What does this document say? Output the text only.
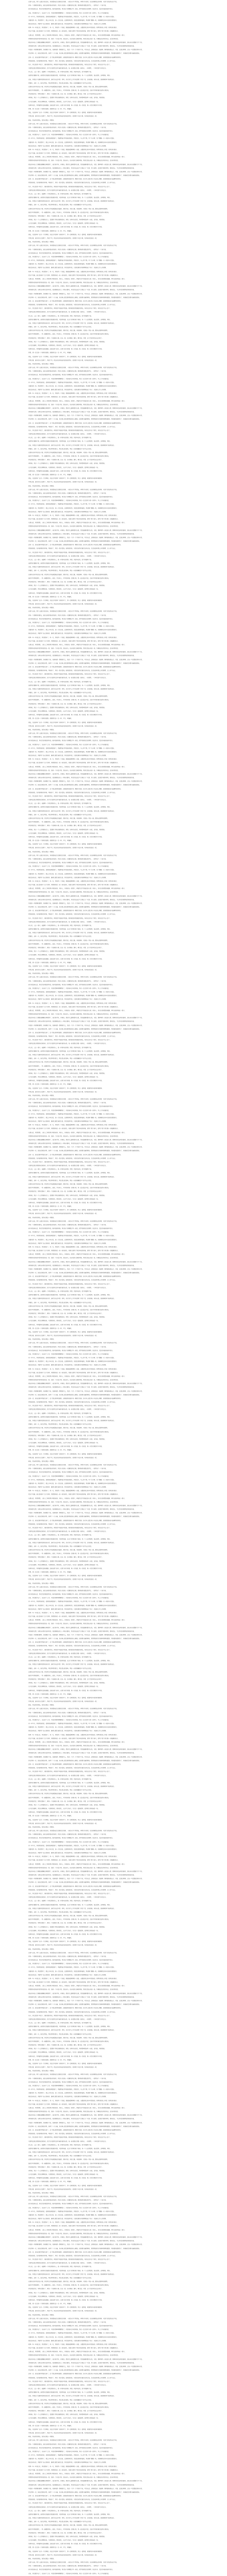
在很久以前，两个人通过书信往来，诉说着彼此生活里发生的事。一封信从写下到寄出，再到对方收到，往往需要很长的时间，可是大家依然乐此不疲。

我有一个很要好的朋友，她住在离我很远的城市。我们认识是在一次偶然的机会里，那时候我们都还是学生，一起参加了一个夏令营。

夏令营结束以后，我们约定要经常写信。刚开始的时候，我们每个星期都会写一封信，把学校里发生的事情、读过的书、看过的电影统统写进去。

后来，我们都毕业了，各自有了工作，写信的频率慢慢降低了，可是每年过年的时候，我们一定会给对方寄一张贺卡，写上几句祝福的话。

有一年冬天，我收到她的信，信里说她要结婚了，希望我能去参加她的婚礼。我很高兴，马上请了假，买了火车票，坐了整整一天一夜的车去看她。

见面的那一刻，我们都哭了。那么多年没见，她一点也没变，还是那样爱笑，说话还是那样温柔。我们聊了整整一夜，好像要把这些年没说的话都说完。

婚礼结束以后，我回到了自己的城市，继续过着忙碌的生活。我们依然写信，只是信里的内容慢慢变成了孩子、家庭和工作上的琐事。

时间一年一年地过去，我们都老了。有一天，我收到一个包裹，里面装着厚厚的一沓信，全都是我这些年写给她的。附带的纸条上写着：替我好好保存。

我这才知道，她已经离开了这个世界。我把那些信一封一封地读完，好像又回到了我们年轻的时候，回到了那个夏天，回到了那个我们第一次相遇的地方。

从那以后，我常常想，人和人之间的缘分真是奇妙。有些人，你和她在一起很久，却始终走不进彼此的心里；有些人，你们只是短暂地相遇，却可以陪伴彼此一辈子。

我把那些信和她写给我的信放在一起，装进一个木盒子里，放在床头。每当夜深人静的时候，我就会拿出来读一读，仿佛她还在我的身边，还在和我说话。

现在的年轻人大概很难理解这种感情了。他们有手机、有网络，想说什么随时都可以说，想见谁随时都可以见。可是，那种等待一封信的心情，那种拆开信封时的激动，是任何东西都替代不了的。

有时候我会想，如果当初我们没有写信，而是像现在的人一样每天聊天，我们的友谊会不会更长久？可是，我又觉得，正是因为那些等待，那些思念，才让我们的感情变得更加珍贵。

写信是一件很慢的事情。你需要坐下来，安静地想一想要说什么，然后一个字一个字地写下来。写完以后，还要找信封、贴邮票、跑到邮局寄出去。可是，正是这种慢，让每一句话都变得有分量。

我记得有一次，她在信里告诉我，她养了一只小猫，每天晚上都会跳到她的床上睡觉。她说那只猫很调皮，常常把她的毛线球弄得满地都是。我读着读着就笑了，好像能看见那只猫就在眼前。

还有一次，她在信里写到她生病了，住了很长时间的医院。她说医院的窗外有一棵很大的树，每天早上都会有小鸟在树上唱歌。她说那是她每天最期待的时刻。

我给她回信，告诉她要好好养病，等她好了，我们一起去看海。她回信说好，可是后来我们谁也没有去成。生活总是有那么多的事情，让人身不由己。

如今，我已经很少写信了，偶尔提起笔来，却发现不知道该写给谁。那些曾经和我通信的朋友，有的已经失去了联系，有的已经不在人世了。

可是我还是会把那些信保存好，因为它们是我生命中最珍贵的东西。每一封信都记录着一段时光，一份感情，一个再也回不去的过去。

有人说，人这一辈子，能遇到一个真正懂你的人，是一件很幸运的事。我想，我是幸运的，因为我遇到了她。

虽然我们相隔千里，虽然我们见面的次数屈指可数，可是我知道，在这个世界的某个角落，有一个人在想着我，惦记着我。这种感觉，真好。

后来，我把这个故事讲给我的孙女听。她听完以后问我：奶奶，你们为什么不打电话呢？我笑了笑，没有回答。有些东西，是需要时间才能明白的。

我相信，总有一天，她也会明白。明白等待的意义，明白思念的滋味，明白一封信里藏着多少说不出口的话。

在那些没有手机的日子里，我们用文字传递着彼此的温度。那些字迹，有的工整，有的潦草，可是每一笔每一画，都饱含着真挚的感情。

她的字写得很漂亮，一笔一画都很用心。她说，字如其人，写字的时候一定要认真。我一直记着这句话，后来写字的时候也变得认真起来。

我们曾经约定，等我们都老了，要找一个安静的小镇，住在一起，每天喝茶、聊天、晒太阳。可惜，这个约定再也无法实现了。

有时候，我会一个人走到邮局门口，看着那个绿色的邮筒发呆。我想，如果可以的话，我真想再给她写一封信，告诉她，我很想她。

日子还在继续，我也在慢慢变老。可是那些信，那些回忆，永远不会老去。它们会一直陪着我，直到我生命的最后一刻。

如果有来生，我希望我们还能相遇。还能在那个夏天，在那个夏令营里，第一次见面，第一次说话，第一次约定要给对方写信。

我想，那一定会是一个很美的故事。就像我们这一生一样，平凡，却温暖。

朋友，你还好吗？在另一个世界里，你还会写信吗？如果你写了，请一定要寄给我。我会一直等着，就像我们年轻的时候那样。

写到这里，窗外的天已经黑了。我放下笔，把这封没有地址的信轻轻折好，放进那个木盒子里，和其他的信放在一起。

晚安，我亲爱的朋友。愿你在那边一切都好。

在很久以前，两个人通过书信往来，诉说着彼此生活里发生的事。一封信从写下到寄出，再到对方收到，往往需要很长的时间，可是大家依然乐此不疲。

我有一个很要好的朋友，她住在离我很远的城市。我们认识是在一次偶然的机会里，那时候我们都还是学生，一起参加了一个夏令营。

夏令营结束以后，我们约定要经常写信。刚开始的时候，我们每个星期都会写一封信，把学校里发生的事情、读过的书、看过的电影统统写进去。

后来，我们都毕业了，各自有了工作，写信的频率慢慢降低了，可是每年过年的时候，我们一定会给对方寄一张贺卡，写上几句祝福的话。

有一年冬天，我收到她的信，信里说她要结婚了，希望我能去参加她的婚礼。我很高兴，马上请了假，买了火车票，坐了整整一天一夜的车去看她。

见面的那一刻，我们都哭了。那么多年没见，她一点也没变，还是那样爱笑，说话还是那样温柔。我们聊了整整一夜，好像要把这些年没说的话都说完。

婚礼结束以后，我回到了自己的城市，继续过着忙碌的生活。我们依然写信，只是信里的内容慢慢变成了孩子、家庭和工作上的琐事。

时间一年一年地过去，我们都老了。有一天，我收到一个包裹，里面装着厚厚的一沓信，全都是我这些年写给她的。附带的纸条上写着：替我好好保存。

我这才知道，她已经离开了这个世界。我把那些信一封一封地读完，好像又回到了我们年轻的时候，回到了那个夏天，回到了那个我们第一次相遇的地方。

从那以后，我常常想，人和人之间的缘分真是奇妙。有些人，你和她在一起很久，却始终走不进彼此的心里；有些人，你们只是短暂地相遇，却可以陪伴彼此一辈子。

我把那些信和她写给我的信放在一起，装进一个木盒子里，放在床头。每当夜深人静的时候，我就会拿出来读一读，仿佛她还在我的身边，还在和我说话。

现在的年轻人大概很难理解这种感情了。他们有手机、有网络，想说什么随时都可以说，想见谁随时都可以见。可是，那种等待一封信的心情，那种拆开信封时的激动，是任何东西都替代不了的。

有时候我会想，如果当初我们没有写信，而是像现在的人一样每天聊天，我们的友谊会不会更长久？可是，我又觉得，正是因为那些等待，那些思念，才让我们的感情变得更加珍贵。

写信是一件很慢的事情。你需要坐下来，安静地想一想要说什么，然后一个字一个字地写下来。写完以后，还要找信封、贴邮票、跑到邮局寄出去。可是，正是这种慢，让每一句话都变得有分量。

我记得有一次，她在信里告诉我，她养了一只小猫，每天晚上都会跳到她的床上睡觉。她说那只猫很调皮，常常把她的毛线球弄得满地都是。我读着读着就笑了，好像能看见那只猫就在眼前。

还有一次，她在信里写到她生病了，住了很长时间的医院。她说医院的窗外有一棵很大的树，每天早上都会有小鸟在树上唱歌。她说那是她每天最期待的时刻。

我给她回信，告诉她要好好养病，等她好了，我们一起去看海。她回信说好，可是后来我们谁也没有去成。生活总是有那么多的事情，让人身不由己。

如今，我已经很少写信了，偶尔提起笔来，却发现不知道该写给谁。那些曾经和我通信的朋友，有的已经失去了联系，有的已经不在人世了。

可是我还是会把那些信保存好，因为它们是我生命中最珍贵的东西。每一封信都记录着一段时光，一份感情，一个再也回不去的过去。

有人说，人这一辈子，能遇到一个真正懂你的人，是一件很幸运的事。我想，我是幸运的，因为我遇到了她。

虽然我们相隔千里，虽然我们见面的次数屈指可数，可是我知道，在这个世界的某个角落，有一个人在想着我，惦记着我。这种感觉，真好。

后来，我把这个故事讲给我的孙女听。她听完以后问我：奶奶，你们为什么不打电话呢？我笑了笑，没有回答。有些东西，是需要时间才能明白的。

我相信，总有一天，她也会明白。明白等待的意义，明白思念的滋味，明白一封信里藏着多少说不出口的话。

在那些没有手机的日子里，我们用文字传递着彼此的温度。那些字迹，有的工整，有的潦草，可是每一笔每一画，都饱含着真挚的感情。

她的字写得很漂亮，一笔一画都很用心。她说，字如其人，写字的时候一定要认真。我一直记着这句话，后来写字的时候也变得认真起来。

我们曾经约定，等我们都老了，要找一个安静的小镇，住在一起，每天喝茶、聊天、晒太阳。可惜，这个约定再也无法实现了。

有时候，我会一个人走到邮局门口，看着那个绿色的邮筒发呆。我想，如果可以的话，我真想再给她写一封信，告诉她，我很想她。

日子还在继续，我也在慢慢变老。可是那些信，那些回忆，永远不会老去。它们会一直陪着我，直到我生命的最后一刻。

如果有来生，我希望我们还能相遇。还能在那个夏天，在那个夏令营里，第一次见面，第一次说话，第一次约定要给对方写信。

我想，那一定会是一个很美的故事。就像我们这一生一样，平凡，却温暖。

朋友，你还好吗？在另一个世界里，你还会写信吗？如果你写了，请一定要寄给我。我会一直等着，就像我们年轻的时候那样。

写到这里，窗外的天已经黑了。我放下笔，把这封没有地址的信轻轻折好，放进那个木盒子里，和其他的信放在一起。

晚安，我亲爱的朋友。愿你在那边一切都好。

在很久以前，两个人通过书信往来，诉说着彼此生活里发生的事。一封信从写下到寄出，再到对方收到，往往需要很长的时间，可是大家依然乐此不疲。

我有一个很要好的朋友，她住在离我很远的城市。我们认识是在一次偶然的机会里，那时候我们都还是学生，一起参加了一个夏令营。

夏令营结束以后，我们约定要经常写信。刚开始的时候，我们每个星期都会写一封信，把学校里发生的事情、读过的书、看过的电影统统写进去。

后来，我们都毕业了，各自有了工作，写信的频率慢慢降低了，可是每年过年的时候，我们一定会给对方寄一张贺卡，写上几句祝福的话。

有一年冬天，我收到她的信，信里说她要结婚了，希望我能去参加她的婚礼。我很高兴，马上请了假，买了火车票，坐了整整一天一夜的车去看她。

见面的那一刻，我们都哭了。那么多年没见，她一点也没变，还是那样爱笑，说话还是那样温柔。我们聊了整整一夜，好像要把这些年没说的话都说完。

婚礼结束以后，我回到了自己的城市，继续过着忙碌的生活。我们依然写信，只是信里的内容慢慢变成了孩子、家庭和工作上的琐事。

时间一年一年地过去，我们都老了。有一天，我收到一个包裹，里面装着厚厚的一沓信，全都是我这些年写给她的。附带的纸条上写着：替我好好保存。

我这才知道，她已经离开了这个世界。我把那些信一封一封地读完，好像又回到了我们年轻的时候，回到了那个夏天，回到了那个我们第一次相遇的地方。

从那以后，我常常想，人和人之间的缘分真是奇妙。有些人，你和她在一起很久，却始终走不进彼此的心里；有些人，你们只是短暂地相遇，却可以陪伴彼此一辈子。

我把那些信和她写给我的信放在一起，装进一个木盒子里，放在床头。每当夜深人静的时候，我就会拿出来读一读，仿佛她还在我的身边，还在和我说话。

现在的年轻人大概很难理解这种感情了。他们有手机、有网络，想说什么随时都可以说，想见谁随时都可以见。可是，那种等待一封信的心情，那种拆开信封时的激动，是任何东西都替代不了的。

有时候我会想，如果当初我们没有写信，而是像现在的人一样每天聊天，我们的友谊会不会更长久？可是，我又觉得，正是因为那些等待，那些思念，才让我们的感情变得更加珍贵。

写信是一件很慢的事情。你需要坐下来，安静地想一想要说什么，然后一个字一个字地写下来。写完以后，还要找信封、贴邮票、跑到邮局寄出去。可是，正是这种慢，让每一句话都变得有分量。

我记得有一次，她在信里告诉我，她养了一只小猫，每天晚上都会跳到她的床上睡觉。她说那只猫很调皮，常常把她的毛线球弄得满地都是。我读着读着就笑了，好像能看见那只猫就在眼前。

还有一次，她在信里写到她生病了，住了很长时间的医院。她说医院的窗外有一棵很大的树，每天早上都会有小鸟在树上唱歌。她说那是她每天最期待的时刻。

我给她回信，告诉她要好好养病，等她好了，我们一起去看海。她回信说好，可是后来我们谁也没有去成。生活总是有那么多的事情，让人身不由己。

如今，我已经很少写信了，偶尔提起笔来，却发现不知道该写给谁。那些曾经和我通信的朋友，有的已经失去了联系，有的已经不在人世了。

可是我还是会把那些信保存好，因为它们是我生命中最珍贵的东西。每一封信都记录着一段时光，一份感情，一个再也回不去的过去。

有人说，人这一辈子，能遇到一个真正懂你的人，是一件很幸运的事。我想，我是幸运的，因为我遇到了她。

虽然我们相隔千里，虽然我们见面的次数屈指可数，可是我知道，在这个世界的某个角落，有一个人在想着我，惦记着我。这种感觉，真好。

后来，我把这个故事讲给我的孙女听。她听完以后问我：奶奶，你们为什么不打电话呢？我笑了笑，没有回答。有些东西，是需要时间才能明白的。

我相信，总有一天，她也会明白。明白等待的意义，明白思念的滋味，明白一封信里藏着多少说不出口的话。

在那些没有手机的日子里，我们用文字传递着彼此的温度。那些字迹，有的工整，有的潦草，可是每一笔每一画，都饱含着真挚的感情。

她的字写得很漂亮，一笔一画都很用心。她说，字如其人，写字的时候一定要认真。我一直记着这句话，后来写字的时候也变得认真起来。

我们曾经约定，等我们都老了，要找一个安静的小镇，住在一起，每天喝茶、聊天、晒太阳。可惜，这个约定再也无法实现了。

有时候，我会一个人走到邮局门口，看着那个绿色的邮筒发呆。我想，如果可以的话，我真想再给她写一封信，告诉她，我很想她。

日子还在继续，我也在慢慢变老。可是那些信，那些回忆，永远不会老去。它们会一直陪着我，直到我生命的最后一刻。

如果有来生，我希望我们还能相遇。还能在那个夏天，在那个夏令营里，第一次见面，第一次说话，第一次约定要给对方写信。

我想，那一定会是一个很美的故事。就像我们这一生一样，平凡，却温暖。

朋友，你还好吗？在另一个世界里，你还会写信吗？如果你写了，请一定要寄给我。我会一直等着，就像我们年轻的时候那样。

写到这里，窗外的天已经黑了。我放下笔，把这封没有地址的信轻轻折好，放进那个木盒子里，和其他的信放在一起。

晚安，我亲爱的朋友。愿你在那边一切都好。

在很久以前，两个人通过书信往来，诉说着彼此生活里发生的事。一封信从写下到寄出，再到对方收到，往往需要很长的时间，可是大家依然乐此不疲。

我有一个很要好的朋友，她住在离我很远的城市。我们认识是在一次偶然的机会里，那时候我们都还是学生，一起参加了一个夏令营。

夏令营结束以后，我们约定要经常写信。刚开始的时候，我们每个星期都会写一封信，把学校里发生的事情、读过的书、看过的电影统统写进去。

后来，我们都毕业了，各自有了工作，写信的频率慢慢降低了，可是每年过年的时候，我们一定会给对方寄一张贺卡，写上几句祝福的话。

有一年冬天，我收到她的信，信里说她要结婚了，希望我能去参加她的婚礼。我很高兴，马上请了假，买了火车票，坐了整整一天一夜的车去看她。

见面的那一刻，我们都哭了。那么多年没见，她一点也没变，还是那样爱笑，说话还是那样温柔。我们聊了整整一夜，好像要把这些年没说的话都说完。

婚礼结束以后，我回到了自己的城市，继续过着忙碌的生活。我们依然写信，只是信里的内容慢慢变成了孩子、家庭和工作上的琐事。

时间一年一年地过去，我们都老了。有一天，我收到一个包裹，里面装着厚厚的一沓信，全都是我这些年写给她的。附带的纸条上写着：替我好好保存。

我这才知道，她已经离开了这个世界。我把那些信一封一封地读完，好像又回到了我们年轻的时候，回到了那个夏天，回到了那个我们第一次相遇的地方。

从那以后，我常常想，人和人之间的缘分真是奇妙。有些人，你和她在一起很久，却始终走不进彼此的心里；有些人，你们只是短暂地相遇，却可以陪伴彼此一辈子。

我把那些信和她写给我的信放在一起，装进一个木盒子里，放在床头。每当夜深人静的时候，我就会拿出来读一读，仿佛她还在我的身边，还在和我说话。

现在的年轻人大概很难理解这种感情了。他们有手机、有网络，想说什么随时都可以说，想见谁随时都可以见。可是，那种等待一封信的心情，那种拆开信封时的激动，是任何东西都替代不了的。

有时候我会想，如果当初我们没有写信，而是像现在的人一样每天聊天，我们的友谊会不会更长久？可是，我又觉得，正是因为那些等待，那些思念，才让我们的感情变得更加珍贵。

写信是一件很慢的事情。你需要坐下来，安静地想一想要说什么，然后一个字一个字地写下来。写完以后，还要找信封、贴邮票、跑到邮局寄出去。可是，正是这种慢，让每一句话都变得有分量。

我记得有一次，她在信里告诉我，她养了一只小猫，每天晚上都会跳到她的床上睡觉。她说那只猫很调皮，常常把她的毛线球弄得满地都是。我读着读着就笑了，好像能看见那只猫就在眼前。

还有一次，她在信里写到她生病了，住了很长时间的医院。她说医院的窗外有一棵很大的树，每天早上都会有小鸟在树上唱歌。她说那是她每天最期待的时刻。

我给她回信，告诉她要好好养病，等她好了，我们一起去看海。她回信说好，可是后来我们谁也没有去成。生活总是有那么多的事情，让人身不由己。

如今，我已经很少写信了，偶尔提起笔来，却发现不知道该写给谁。那些曾经和我通信的朋友，有的已经失去了联系，有的已经不在人世了。

可是我还是会把那些信保存好，因为它们是我生命中最珍贵的东西。每一封信都记录着一段时光，一份感情，一个再也回不去的过去。

有人说，人这一辈子，能遇到一个真正懂你的人，是一件很幸运的事。我想，我是幸运的，因为我遇到了她。

虽然我们相隔千里，虽然我们见面的次数屈指可数，可是我知道，在这个世界的某个角落，有一个人在想着我，惦记着我。这种感觉，真好。

后来，我把这个故事讲给我的孙女听。她听完以后问我：奶奶，你们为什么不打电话呢？我笑了笑，没有回答。有些东西，是需要时间才能明白的。

我相信，总有一天，她也会明白。明白等待的意义，明白思念的滋味，明白一封信里藏着多少说不出口的话。

在那些没有手机的日子里，我们用文字传递着彼此的温度。那些字迹，有的工整，有的潦草，可是每一笔每一画，都饱含着真挚的感情。

她的字写得很漂亮，一笔一画都很用心。她说，字如其人，写字的时候一定要认真。我一直记着这句话，后来写字的时候也变得认真起来。

我们曾经约定，等我们都老了，要找一个安静的小镇，住在一起，每天喝茶、聊天、晒太阳。可惜，这个约定再也无法实现了。

有时候，我会一个人走到邮局门口，看着那个绿色的邮筒发呆。我想，如果可以的话，我真想再给她写一封信，告诉她，我很想她。

日子还在继续，我也在慢慢变老。可是那些信，那些回忆，永远不会老去。它们会一直陪着我，直到我生命的最后一刻。

如果有来生，我希望我们还能相遇。还能在那个夏天，在那个夏令营里，第一次见面，第一次说话，第一次约定要给对方写信。

我想，那一定会是一个很美的故事。就像我们这一生一样，平凡，却温暖。

朋友，你还好吗？在另一个世界里，你还会写信吗？如果你写了，请一定要寄给我。我会一直等着，就像我们年轻的时候那样。

写到这里，窗外的天已经黑了。我放下笔，把这封没有地址的信轻轻折好，放进那个木盒子里，和其他的信放在一起。

晚安，我亲爱的朋友。愿你在那边一切都好。

在很久以前，两个人通过书信往来，诉说着彼此生活里发生的事。一封信从写下到寄出，再到对方收到，往往需要很长的时间，可是大家依然乐此不疲。

我有一个很要好的朋友，她住在离我很远的城市。我们认识是在一次偶然的机会里，那时候我们都还是学生，一起参加了一个夏令营。

夏令营结束以后，我们约定要经常写信。刚开始的时候，我们每个星期都会写一封信，把学校里发生的事情、读过的书、看过的电影统统写进去。

后来，我们都毕业了，各自有了工作，写信的频率慢慢降低了，可是每年过年的时候，我们一定会给对方寄一张贺卡，写上几句祝福的话。

有一年冬天，我收到她的信，信里说她要结婚了，希望我能去参加她的婚礼。我很高兴，马上请了假，买了火车票，坐了整整一天一夜的车去看她。

见面的那一刻，我们都哭了。那么多年没见，她一点也没变，还是那样爱笑，说话还是那样温柔。我们聊了整整一夜，好像要把这些年没说的话都说完。

婚礼结束以后，我回到了自己的城市，继续过着忙碌的生活。我们依然写信，只是信里的内容慢慢变成了孩子、家庭和工作上的琐事。

时间一年一年地过去，我们都老了。有一天，我收到一个包裹，里面装着厚厚的一沓信，全都是我这些年写给她的。附带的纸条上写着：替我好好保存。

我这才知道，她已经离开了这个世界。我把那些信一封一封地读完，好像又回到了我们年轻的时候，回到了那个夏天，回到了那个我们第一次相遇的地方。

从那以后，我常常想，人和人之间的缘分真是奇妙。有些人，你和她在一起很久，却始终走不进彼此的心里；有些人，你们只是短暂地相遇，却可以陪伴彼此一辈子。

我把那些信和她写给我的信放在一起，装进一个木盒子里，放在床头。每当夜深人静的时候，我就会拿出来读一读，仿佛她还在我的身边，还在和我说话。

现在的年轻人大概很难理解这种感情了。他们有手机、有网络，想说什么随时都可以说，想见谁随时都可以见。可是，那种等待一封信的心情，那种拆开信封时的激动，是任何东西都替代不了的。

有时候我会想，如果当初我们没有写信，而是像现在的人一样每天聊天，我们的友谊会不会更长久？可是，我又觉得，正是因为那些等待，那些思念，才让我们的感情变得更加珍贵。

写信是一件很慢的事情。你需要坐下来，安静地想一想要说什么，然后一个字一个字地写下来。写完以后，还要找信封、贴邮票、跑到邮局寄出去。可是，正是这种慢，让每一句话都变得有分量。

我记得有一次，她在信里告诉我，她养了一只小猫，每天晚上都会跳到她的床上睡觉。她说那只猫很调皮，常常把她的毛线球弄得满地都是。我读着读着就笑了，好像能看见那只猫就在眼前。

还有一次，她在信里写到她生病了，住了很长时间的医院。她说医院的窗外有一棵很大的树，每天早上都会有小鸟在树上唱歌。她说那是她每天最期待的时刻。

我给她回信，告诉她要好好养病，等她好了，我们一起去看海。她回信说好，可是后来我们谁也没有去成。生活总是有那么多的事情，让人身不由己。

如今，我已经很少写信了，偶尔提起笔来，却发现不知道该写给谁。那些曾经和我通信的朋友，有的已经失去了联系，有的已经不在人世了。

可是我还是会把那些信保存好，因为它们是我生命中最珍贵的东西。每一封信都记录着一段时光，一份感情，一个再也回不去的过去。

有人说，人这一辈子，能遇到一个真正懂你的人，是一件很幸运的事。我想，我是幸运的，因为我遇到了她。

虽然我们相隔千里，虽然我们见面的次数屈指可数，可是我知道，在这个世界的某个角落，有一个人在想着我，惦记着我。这种感觉，真好。

后来，我把这个故事讲给我的孙女听。她听完以后问我：奶奶，你们为什么不打电话呢？我笑了笑，没有回答。有些东西，是需要时间才能明白的。

我相信，总有一天，她也会明白。明白等待的意义，明白思念的滋味，明白一封信里藏着多少说不出口的话。

在那些没有手机的日子里，我们用文字传递着彼此的温度。那些字迹，有的工整，有的潦草，可是每一笔每一画，都饱含着真挚的感情。

她的字写得很漂亮，一笔一画都很用心。她说，字如其人，写字的时候一定要认真。我一直记着这句话，后来写字的时候也变得认真起来。

我们曾经约定，等我们都老了，要找一个安静的小镇，住在一起，每天喝茶、聊天、晒太阳。可惜，这个约定再也无法实现了。

有时候，我会一个人走到邮局门口，看着那个绿色的邮筒发呆。我想，如果可以的话，我真想再给她写一封信，告诉她，我很想她。

日子还在继续，我也在慢慢变老。可是那些信，那些回忆，永远不会老去。它们会一直陪着我，直到我生命的最后一刻。

如果有来生，我希望我们还能相遇。还能在那个夏天，在那个夏令营里，第一次见面，第一次说话，第一次约定要给对方写信。

我想，那一定会是一个很美的故事。就像我们这一生一样，平凡，却温暖。

朋友，你还好吗？在另一个世界里，你还会写信吗？如果你写了，请一定要寄给我。我会一直等着，就像我们年轻的时候那样。

写到这里，窗外的天已经黑了。我放下笔，把这封没有地址的信轻轻折好，放进那个木盒子里，和其他的信放在一起。

晚安，我亲爱的朋友。愿你在那边一切都好。

在很久以前，两个人通过书信往来，诉说着彼此生活里发生的事。一封信从写下到寄出，再到对方收到，往往需要很长的时间，可是大家依然乐此不疲。

我有一个很要好的朋友，她住在离我很远的城市。我们认识是在一次偶然的机会里，那时候我们都还是学生，一起参加了一个夏令营。

夏令营结束以后，我们约定要经常写信。刚开始的时候，我们每个星期都会写一封信，把学校里发生的事情、读过的书、看过的电影统统写进去。

后来，我们都毕业了，各自有了工作，写信的频率慢慢降低了，可是每年过年的时候，我们一定会给对方寄一张贺卡，写上几句祝福的话。

有一年冬天，我收到她的信，信里说她要结婚了，希望我能去参加她的婚礼。我很高兴，马上请了假，买了火车票，坐了整整一天一夜的车去看她。

见面的那一刻，我们都哭了。那么多年没见，她一点也没变，还是那样爱笑，说话还是那样温柔。我们聊了整整一夜，好像要把这些年没说的话都说完。

婚礼结束以后，我回到了自己的城市，继续过着忙碌的生活。我们依然写信，只是信里的内容慢慢变成了孩子、家庭和工作上的琐事。

时间一年一年地过去，我们都老了。有一天，我收到一个包裹，里面装着厚厚的一沓信，全都是我这些年写给她的。附带的纸条上写着：替我好好保存。

我这才知道，她已经离开了这个世界。我把那些信一封一封地读完，好像又回到了我们年轻的时候，回到了那个夏天，回到了那个我们第一次相遇的地方。

从那以后，我常常想，人和人之间的缘分真是奇妙。有些人，你和她在一起很久，却始终走不进彼此的心里；有些人，你们只是短暂地相遇，却可以陪伴彼此一辈子。

我把那些信和她写给我的信放在一起，装进一个木盒子里，放在床头。每当夜深人静的时候，我就会拿出来读一读，仿佛她还在我的身边，还在和我说话。

现在的年轻人大概很难理解这种感情了。他们有手机、有网络，想说什么随时都可以说，想见谁随时都可以见。可是，那种等待一封信的心情，那种拆开信封时的激动，是任何东西都替代不了的。

有时候我会想，如果当初我们没有写信，而是像现在的人一样每天聊天，我们的友谊会不会更长久？可是，我又觉得，正是因为那些等待，那些思念，才让我们的感情变得更加珍贵。

写信是一件很慢的事情。你需要坐下来，安静地想一想要说什么，然后一个字一个字地写下来。写完以后，还要找信封、贴邮票、跑到邮局寄出去。可是，正是这种慢，让每一句话都变得有分量。

我记得有一次，她在信里告诉我，她养了一只小猫，每天晚上都会跳到她的床上睡觉。她说那只猫很调皮，常常把她的毛线球弄得满地都是。我读着读着就笑了，好像能看见那只猫就在眼前。

还有一次，她在信里写到她生病了，住了很长时间的医院。她说医院的窗外有一棵很大的树，每天早上都会有小鸟在树上唱歌。她说那是她每天最期待的时刻。

我给她回信，告诉她要好好养病，等她好了，我们一起去看海。她回信说好，可是后来我们谁也没有去成。生活总是有那么多的事情，让人身不由己。

如今，我已经很少写信了，偶尔提起笔来，却发现不知道该写给谁。那些曾经和我通信的朋友，有的已经失去了联系，有的已经不在人世了。

可是我还是会把那些信保存好，因为它们是我生命中最珍贵的东西。每一封信都记录着一段时光，一份感情，一个再也回不去的过去。

有人说，人这一辈子，能遇到一个真正懂你的人，是一件很幸运的事。我想，我是幸运的，因为我遇到了她。

虽然我们相隔千里，虽然我们见面的次数屈指可数，可是我知道，在这个世界的某个角落，有一个人在想着我，惦记着我。这种感觉，真好。

后来，我把这个故事讲给我的孙女听。她听完以后问我：奶奶，你们为什么不打电话呢？我笑了笑，没有回答。有些东西，是需要时间才能明白的。

我相信，总有一天，她也会明白。明白等待的意义，明白思念的滋味，明白一封信里藏着多少说不出口的话。

在那些没有手机的日子里，我们用文字传递着彼此的温度。那些字迹，有的工整，有的潦草，可是每一笔每一画，都饱含着真挚的感情。

她的字写得很漂亮，一笔一画都很用心。她说，字如其人，写字的时候一定要认真。我一直记着这句话，后来写字的时候也变得认真起来。

我们曾经约定，等我们都老了，要找一个安静的小镇，住在一起，每天喝茶、聊天、晒太阳。可惜，这个约定再也无法实现了。

有时候，我会一个人走到邮局门口，看着那个绿色的邮筒发呆。我想，如果可以的话，我真想再给她写一封信，告诉她，我很想她。

日子还在继续，我也在慢慢变老。可是那些信，那些回忆，永远不会老去。它们会一直陪着我，直到我生命的最后一刻。

如果有来生，我希望我们还能相遇。还能在那个夏天，在那个夏令营里，第一次见面，第一次说话，第一次约定要给对方写信。

我想，那一定会是一个很美的故事。就像我们这一生一样，平凡，却温暖。

朋友，你还好吗？在另一个世界里，你还会写信吗？如果你写了，请一定要寄给我。我会一直等着，就像我们年轻的时候那样。

写到这里，窗外的天已经黑了。我放下笔，把这封没有地址的信轻轻折好，放进那个木盒子里，和其他的信放在一起。

晚安，我亲爱的朋友。愿你在那边一切都好。

在很久以前，两个人通过书信往来，诉说着彼此生活里发生的事。一封信从写下到寄出，再到对方收到，往往需要很长的时间，可是大家依然乐此不疲。

我有一个很要好的朋友，她住在离我很远的城市。我们认识是在一次偶然的机会里，那时候我们都还是学生，一起参加了一个夏令营。

夏令营结束以后，我们约定要经常写信。刚开始的时候，我们每个星期都会写一封信，把学校里发生的事情、读过的书、看过的电影统统写进去。

后来，我们都毕业了，各自有了工作，写信的频率慢慢降低了，可是每年过年的时候，我们一定会给对方寄一张贺卡，写上几句祝福的话。

有一年冬天，我收到她的信，信里说她要结婚了，希望我能去参加她的婚礼。我很高兴，马上请了假，买了火车票，坐了整整一天一夜的车去看她。

见面的那一刻，我们都哭了。那么多年没见，她一点也没变，还是那样爱笑，说话还是那样温柔。我们聊了整整一夜，好像要把这些年没说的话都说完。

婚礼结束以后，我回到了自己的城市，继续过着忙碌的生活。我们依然写信，只是信里的内容慢慢变成了孩子、家庭和工作上的琐事。

时间一年一年地过去，我们都老了。有一天，我收到一个包裹，里面装着厚厚的一沓信，全都是我这些年写给她的。附带的纸条上写着：替我好好保存。

我这才知道，她已经离开了这个世界。我把那些信一封一封地读完，好像又回到了我们年轻的时候，回到了那个夏天，回到了那个我们第一次相遇的地方。

从那以后，我常常想，人和人之间的缘分真是奇妙。有些人，你和她在一起很久，却始终走不进彼此的心里；有些人，你们只是短暂地相遇，却可以陪伴彼此一辈子。

我把那些信和她写给我的信放在一起，装进一个木盒子里，放在床头。每当夜深人静的时候，我就会拿出来读一读，仿佛她还在我的身边，还在和我说话。

现在的年轻人大概很难理解这种感情了。他们有手机、有网络，想说什么随时都可以说，想见谁随时都可以见。可是，那种等待一封信的心情，那种拆开信封时的激动，是任何东西都替代不了的。

有时候我会想，如果当初我们没有写信，而是像现在的人一样每天聊天，我们的友谊会不会更长久？可是，我又觉得，正是因为那些等待，那些思念，才让我们的感情变得更加珍贵。

写信是一件很慢的事情。你需要坐下来，安静地想一想要说什么，然后一个字一个字地写下来。写完以后，还要找信封、贴邮票、跑到邮局寄出去。可是，正是这种慢，让每一句话都变得有分量。

我记得有一次，她在信里告诉我，她养了一只小猫，每天晚上都会跳到她的床上睡觉。她说那只猫很调皮，常常把她的毛线球弄得满地都是。我读着读着就笑了，好像能看见那只猫就在眼前。

还有一次，她在信里写到她生病了，住了很长时间的医院。她说医院的窗外有一棵很大的树，每天早上都会有小鸟在树上唱歌。她说那是她每天最期待的时刻。

我给她回信，告诉她要好好养病，等她好了，我们一起去看海。她回信说好，可是后来我们谁也没有去成。生活总是有那么多的事情，让人身不由己。

如今，我已经很少写信了，偶尔提起笔来，却发现不知道该写给谁。那些曾经和我通信的朋友，有的已经失去了联系，有的已经不在人世了。

可是我还是会把那些信保存好，因为它们是我生命中最珍贵的东西。每一封信都记录着一段时光，一份感情，一个再也回不去的过去。

有人说，人这一辈子，能遇到一个真正懂你的人，是一件很幸运的事。我想，我是幸运的，因为我遇到了她。

虽然我们相隔千里，虽然我们见面的次数屈指可数，可是我知道，在这个世界的某个角落，有一个人在想着我，惦记着我。这种感觉，真好。

后来，我把这个故事讲给我的孙女听。她听完以后问我：奶奶，你们为什么不打电话呢？我笑了笑，没有回答。有些东西，是需要时间才能明白的。

我相信，总有一天，她也会明白。明白等待的意义，明白思念的滋味，明白一封信里藏着多少说不出口的话。

在那些没有手机的日子里，我们用文字传递着彼此的温度。那些字迹，有的工整，有的潦草，可是每一笔每一画，都饱含着真挚的感情。

她的字写得很漂亮，一笔一画都很用心。她说，字如其人，写字的时候一定要认真。我一直记着这句话，后来写字的时候也变得认真起来。

我们曾经约定，等我们都老了，要找一个安静的小镇，住在一起，每天喝茶、聊天、晒太阳。可惜，这个约定再也无法实现了。

有时候，我会一个人走到邮局门口，看着那个绿色的邮筒发呆。我想，如果可以的话，我真想再给她写一封信，告诉她，我很想她。

日子还在继续，我也在慢慢变老。可是那些信，那些回忆，永远不会老去。它们会一直陪着我，直到我生命的最后一刻。

如果有来生，我希望我们还能相遇。还能在那个夏天，在那个夏令营里，第一次见面，第一次说话，第一次约定要给对方写信。

我想，那一定会是一个很美的故事。就像我们这一生一样，平凡，却温暖。

朋友，你还好吗？在另一个世界里，你还会写信吗？如果你写了，请一定要寄给我。我会一直等着，就像我们年轻的时候那样。

写到这里，窗外的天已经黑了。我放下笔，把这封没有地址的信轻轻折好，放进那个木盒子里，和其他的信放在一起。

晚安，我亲爱的朋友。愿你在那边一切都好。

在很久以前，两个人通过书信往来，诉说着彼此生活里发生的事。一封信从写下到寄出，再到对方收到，往往需要很长的时间，可是大家依然乐此不疲。

我有一个很要好的朋友，她住在离我很远的城市。我们认识是在一次偶然的机会里，那时候我们都还是学生，一起参加了一个夏令营。

夏令营结束以后，我们约定要经常写信。刚开始的时候，我们每个星期都会写一封信，把学校里发生的事情、读过的书、看过的电影统统写进去。

后来，我们都毕业了，各自有了工作，写信的频率慢慢降低了，可是每年过年的时候，我们一定会给对方寄一张贺卡，写上几句祝福的话。

有一年冬天，我收到她的信，信里说她要结婚了，希望我能去参加她的婚礼。我很高兴，马上请了假，买了火车票，坐了整整一天一夜的车去看她。

见面的那一刻，我们都哭了。那么多年没见，她一点也没变，还是那样爱笑，说话还是那样温柔。我们聊了整整一夜，好像要把这些年没说的话都说完。

婚礼结束以后，我回到了自己的城市，继续过着忙碌的生活。我们依然写信，只是信里的内容慢慢变成了孩子、家庭和工作上的琐事。

时间一年一年地过去，我们都老了。有一天，我收到一个包裹，里面装着厚厚的一沓信，全都是我这些年写给她的。附带的纸条上写着：替我好好保存。

我这才知道，她已经离开了这个世界。我把那些信一封一封地读完，好像又回到了我们年轻的时候，回到了那个夏天，回到了那个我们第一次相遇的地方。

从那以后，我常常想，人和人之间的缘分真是奇妙。有些人，你和她在一起很久，却始终走不进彼此的心里；有些人，你们只是短暂地相遇，却可以陪伴彼此一辈子。

我把那些信和她写给我的信放在一起，装进一个木盒子里，放在床头。每当夜深人静的时候，我就会拿出来读一读，仿佛她还在我的身边，还在和我说话。

现在的年轻人大概很难理解这种感情了。他们有手机、有网络，想说什么随时都可以说，想见谁随时都可以见。可是，那种等待一封信的心情，那种拆开信封时的激动，是任何东西都替代不了的。

有时候我会想，如果当初我们没有写信，而是像现在的人一样每天聊天，我们的友谊会不会更长久？可是，我又觉得，正是因为那些等待，那些思念，才让我们的感情变得更加珍贵。

写信是一件很慢的事情。你需要坐下来，安静地想一想要说什么，然后一个字一个字地写下来。写完以后，还要找信封、贴邮票、跑到邮局寄出去。可是，正是这种慢，让每一句话都变得有分量。

我记得有一次，她在信里告诉我，她养了一只小猫，每天晚上都会跳到她的床上睡觉。她说那只猫很调皮，常常把她的毛线球弄得满地都是。我读着读着就笑了，好像能看见那只猫就在眼前。

还有一次，她在信里写到她生病了，住了很长时间的医院。她说医院的窗外有一棵很大的树，每天早上都会有小鸟在树上唱歌。她说那是她每天最期待的时刻。

我给她回信，告诉她要好好养病，等她好了，我们一起去看海。她回信说好，可是后来我们谁也没有去成。生活总是有那么多的事情，让人身不由己。

如今，我已经很少写信了，偶尔提起笔来，却发现不知道该写给谁。那些曾经和我通信的朋友，有的已经失去了联系，有的已经不在人世了。

可是我还是会把那些信保存好，因为它们是我生命中最珍贵的东西。每一封信都记录着一段时光，一份感情，一个再也回不去的过去。

有人说，人这一辈子，能遇到一个真正懂你的人，是一件很幸运的事。我想，我是幸运的，因为我遇到了她。

虽然我们相隔千里，虽然我们见面的次数屈指可数，可是我知道，在这个世界的某个角落，有一个人在想着我，惦记着我。这种感觉，真好。

后来，我把这个故事讲给我的孙女听。她听完以后问我：奶奶，你们为什么不打电话呢？我笑了笑，没有回答。有些东西，是需要时间才能明白的。

我相信，总有一天，她也会明白。明白等待的意义，明白思念的滋味，明白一封信里藏着多少说不出口的话。

在那些没有手机的日子里，我们用文字传递着彼此的温度。那些字迹，有的工整，有的潦草，可是每一笔每一画，都饱含着真挚的感情。

她的字写得很漂亮，一笔一画都很用心。她说，字如其人，写字的时候一定要认真。我一直记着这句话，后来写字的时候也变得认真起来。

我们曾经约定，等我们都老了，要找一个安静的小镇，住在一起，每天喝茶、聊天、晒太阳。可惜，这个约定再也无法实现了。

有时候，我会一个人走到邮局门口，看着那个绿色的邮筒发呆。我想，如果可以的话，我真想再给她写一封信，告诉她，我很想她。

日子还在继续，我也在慢慢变老。可是那些信，那些回忆，永远不会老去。它们会一直陪着我，直到我生命的最后一刻。

如果有来生，我希望我们还能相遇。还能在那个夏天，在那个夏令营里，第一次见面，第一次说话，第一次约定要给对方写信。

我想，那一定会是一个很美的故事。就像我们这一生一样，平凡，却温暖。

朋友，你还好吗？在另一个世界里，你还会写信吗？如果你写了，请一定要寄给我。我会一直等着，就像我们年轻的时候那样。

写到这里，窗外的天已经黑了。我放下笔，把这封没有地址的信轻轻折好，放进那个木盒子里，和其他的信放在一起。

晚安，我亲爱的朋友。愿你在那边一切都好。

在很久以前，两个人通过书信往来，诉说着彼此生活里发生的事。一封信从写下到寄出，再到对方收到，往往需要很长的时间，可是大家依然乐此不疲。

我有一个很要好的朋友，她住在离我很远的城市。我们认识是在一次偶然的机会里，那时候我们都还是学生，一起参加了一个夏令营。

夏令营结束以后，我们约定要经常写信。刚开始的时候，我们每个星期都会写一封信，把学校里发生的事情、读过的书、看过的电影统统写进去。

后来，我们都毕业了，各自有了工作，写信的频率慢慢降低了，可是每年过年的时候，我们一定会给对方寄一张贺卡，写上几句祝福的话。

有一年冬天，我收到她的信，信里说她要结婚了，希望我能去参加她的婚礼。我很高兴，马上请了假，买了火车票，坐了整整一天一夜的车去看她。

见面的那一刻，我们都哭了。那么多年没见，她一点也没变，还是那样爱笑，说话还是那样温柔。我们聊了整整一夜，好像要把这些年没说的话都说完。

婚礼结束以后，我回到了自己的城市，继续过着忙碌的生活。我们依然写信，只是信里的内容慢慢变成了孩子、家庭和工作上的琐事。

时间一年一年地过去，我们都老了。有一天，我收到一个包裹，里面装着厚厚的一沓信，全都是我这些年写给她的。附带的纸条上写着：替我好好保存。

我这才知道，她已经离开了这个世界。我把那些信一封一封地读完，好像又回到了我们年轻的时候，回到了那个夏天，回到了那个我们第一次相遇的地方。

从那以后，我常常想，人和人之间的缘分真是奇妙。有些人，你和她在一起很久，却始终走不进彼此的心里；有些人，你们只是短暂地相遇，却可以陪伴彼此一辈子。

我把那些信和她写给我的信放在一起，装进一个木盒子里，放在床头。每当夜深人静的时候，我就会拿出来读一读，仿佛她还在我的身边，还在和我说话。

现在的年轻人大概很难理解这种感情了。他们有手机、有网络，想说什么随时都可以说，想见谁随时都可以见。可是，那种等待一封信的心情，那种拆开信封时的激动，是任何东西都替代不了的。

有时候我会想，如果当初我们没有写信，而是像现在的人一样每天聊天，我们的友谊会不会更长久？可是，我又觉得，正是因为那些等待，那些思念，才让我们的感情变得更加珍贵。

写信是一件很慢的事情。你需要坐下来，安静地想一想要说什么，然后一个字一个字地写下来。写完以后，还要找信封、贴邮票、跑到邮局寄出去。可是，正是这种慢，让每一句话都变得有分量。

我记得有一次，她在信里告诉我，她养了一只小猫，每天晚上都会跳到她的床上睡觉。她说那只猫很调皮，常常把她的毛线球弄得满地都是。我读着读着就笑了，好像能看见那只猫就在眼前。

还有一次，她在信里写到她生病了，住了很长时间的医院。她说医院的窗外有一棵很大的树，每天早上都会有小鸟在树上唱歌。她说那是她每天最期待的时刻。

我给她回信，告诉她要好好养病，等她好了，我们一起去看海。她回信说好，可是后来我们谁也没有去成。生活总是有那么多的事情，让人身不由己。

如今，我已经很少写信了，偶尔提起笔来，却发现不知道该写给谁。那些曾经和我通信的朋友，有的已经失去了联系，有的已经不在人世了。

可是我还是会把那些信保存好，因为它们是我生命中最珍贵的东西。每一封信都记录着一段时光，一份感情，一个再也回不去的过去。

有人说，人这一辈子，能遇到一个真正懂你的人，是一件很幸运的事。我想，我是幸运的，因为我遇到了她。

虽然我们相隔千里，虽然我们见面的次数屈指可数，可是我知道，在这个世界的某个角落，有一个人在想着我，惦记着我。这种感觉，真好。

后来，我把这个故事讲给我的孙女听。她听完以后问我：奶奶，你们为什么不打电话呢？我笑了笑，没有回答。有些东西，是需要时间才能明白的。

我相信，总有一天，她也会明白。明白等待的意义，明白思念的滋味，明白一封信里藏着多少说不出口的话。

在那些没有手机的日子里，我们用文字传递着彼此的温度。那些字迹，有的工整，有的潦草，可是每一笔每一画，都饱含着真挚的感情。

她的字写得很漂亮，一笔一画都很用心。她说，字如其人，写字的时候一定要认真。我一直记着这句话，后来写字的时候也变得认真起来。

我们曾经约定，等我们都老了，要找一个安静的小镇，住在一起，每天喝茶、聊天、晒太阳。可惜，这个约定再也无法实现了。

有时候，我会一个人走到邮局门口，看着那个绿色的邮筒发呆。我想，如果可以的话，我真想再给她写一封信，告诉她，我很想她。

日子还在继续，我也在慢慢变老。可是那些信，那些回忆，永远不会老去。它们会一直陪着我，直到我生命的最后一刻。

如果有来生，我希望我们还能相遇。还能在那个夏天，在那个夏令营里，第一次见面，第一次说话，第一次约定要给对方写信。

我想，那一定会是一个很美的故事。就像我们这一生一样，平凡，却温暖。

朋友，你还好吗？在另一个世界里，你还会写信吗？如果你写了，请一定要寄给我。我会一直等着，就像我们年轻的时候那样。

写到这里，窗外的天已经黑了。我放下笔，把这封没有地址的信轻轻折好，放进那个木盒子里，和其他的信放在一起。

晚安，我亲爱的朋友。愿你在那边一切都好。

在很久以前，两个人通过书信往来，诉说着彼此生活里发生的事。一封信从写下到寄出，再到对方收到，往往需要很长的时间，可是大家依然乐此不疲。

我有一个很要好的朋友，她住在离我很远的城市。我们认识是在一次偶然的机会里，那时候我们都还是学生，一起参加了一个夏令营。

夏令营结束以后，我们约定要经常写信。刚开始的时候，我们每个星期都会写一封信，把学校里发生的事情、读过的书、看过的电影统统写进去。

后来，我们都毕业了，各自有了工作，写信的频率慢慢降低了，可是每年过年的时候，我们一定会给对方寄一张贺卡，写上几句祝福的话。

有一年冬天，我收到她的信，信里说她要结婚了，希望我能去参加她的婚礼。我很高兴，马上请了假，买了火车票，坐了整整一天一夜的车去看她。

见面的那一刻，我们都哭了。那么多年没见，她一点也没变，还是那样爱笑，说话还是那样温柔。我们聊了整整一夜，好像要把这些年没说的话都说完。

婚礼结束以后，我回到了自己的城市，继续过着忙碌的生活。我们依然写信，只是信里的内容慢慢变成了孩子、家庭和工作上的琐事。

时间一年一年地过去，我们都老了。有一天，我收到一个包裹，里面装着厚厚的一沓信，全都是我这些年写给她的。附带的纸条上写着：替我好好保存。

我这才知道，她已经离开了这个世界。我把那些信一封一封地读完，好像又回到了我们年轻的时候，回到了那个夏天，回到了那个我们第一次相遇的地方。

从那以后，我常常想，人和人之间的缘分真是奇妙。有些人，你和她在一起很久，却始终走不进彼此的心里；有些人，你们只是短暂地相遇，却可以陪伴彼此一辈子。

我把那些信和她写给我的信放在一起，装进一个木盒子里，放在床头。每当夜深人静的时候，我就会拿出来读一读，仿佛她还在我的身边，还在和我说话。

现在的年轻人大概很难理解这种感情了。他们有手机、有网络，想说什么随时都可以说，想见谁随时都可以见。可是，那种等待一封信的心情，那种拆开信封时的激动，是任何东西都替代不了的。

有时候我会想，如果当初我们没有写信，而是像现在的人一样每天聊天，我们的友谊会不会更长久？可是，我又觉得，正是因为那些等待，那些思念，才让我们的感情变得更加珍贵。

写信是一件很慢的事情。你需要坐下来，安静地想一想要说什么，然后一个字一个字地写下来。写完以后，还要找信封、贴邮票、跑到邮局寄出去。可是，正是这种慢，让每一句话都变得有分量。

我记得有一次，她在信里告诉我，她养了一只小猫，每天晚上都会跳到她的床上睡觉。她说那只猫很调皮，常常把她的毛线球弄得满地都是。我读着读着就笑了，好像能看见那只猫就在眼前。

还有一次，她在信里写到她生病了，住了很长时间的医院。她说医院的窗外有一棵很大的树，每天早上都会有小鸟在树上唱歌。她说那是她每天最期待的时刻。

我给她回信，告诉她要好好养病，等她好了，我们一起去看海。她回信说好，可是后来我们谁也没有去成。生活总是有那么多的事情，让人身不由己。

如今，我已经很少写信了，偶尔提起笔来，却发现不知道该写给谁。那些曾经和我通信的朋友，有的已经失去了联系，有的已经不在人世了。

可是我还是会把那些信保存好，因为它们是我生命中最珍贵的东西。每一封信都记录着一段时光，一份感情，一个再也回不去的过去。

有人说，人这一辈子，能遇到一个真正懂你的人，是一件很幸运的事。我想，我是幸运的，因为我遇到了她。

虽然我们相隔千里，虽然我们见面的次数屈指可数，可是我知道，在这个世界的某个角落，有一个人在想着我，惦记着我。这种感觉，真好。

后来，我把这个故事讲给我的孙女听。她听完以后问我：奶奶，你们为什么不打电话呢？我笑了笑，没有回答。有些东西，是需要时间才能明白的。

我相信，总有一天，她也会明白。明白等待的意义，明白思念的滋味，明白一封信里藏着多少说不出口的话。

在那些没有手机的日子里，我们用文字传递着彼此的温度。那些字迹，有的工整，有的潦草，可是每一笔每一画，都饱含着真挚的感情。

她的字写得很漂亮，一笔一画都很用心。她说，字如其人，写字的时候一定要认真。我一直记着这句话，后来写字的时候也变得认真起来。

我们曾经约定，等我们都老了，要找一个安静的小镇，住在一起，每天喝茶、聊天、晒太阳。可惜，这个约定再也无法实现了。

有时候，我会一个人走到邮局门口，看着那个绿色的邮筒发呆。我想，如果可以的话，我真想再给她写一封信，告诉她，我很想她。

日子还在继续，我也在慢慢变老。可是那些信，那些回忆，永远不会老去。它们会一直陪着我，直到我生命的最后一刻。

如果有来生，我希望我们还能相遇。还能在那个夏天，在那个夏令营里，第一次见面，第一次说话，第一次约定要给对方写信。

我想，那一定会是一个很美的故事。就像我们这一生一样，平凡，却温暖。

朋友，你还好吗？在另一个世界里，你还会写信吗？如果你写了，请一定要寄给我。我会一直等着，就像我们年轻的时候那样。

写到这里，窗外的天已经黑了。我放下笔，把这封没有地址的信轻轻折好，放进那个木盒子里，和其他的信放在一起。

晚安，我亲爱的朋友。愿你在那边一切都好。

在很久以前，两个人通过书信往来，诉说着彼此生活里发生的事。一封信从写下到寄出，再到对方收到，往往需要很长的时间，可是大家依然乐此不疲。

我有一个很要好的朋友，她住在离我很远的城市。我们认识是在一次偶然的机会里，那时候我们都还是学生，一起参加了一个夏令营。

夏令营结束以后，我们约定要经常写信。刚开始的时候，我们每个星期都会写一封信，把学校里发生的事情、读过的书、看过的电影统统写进去。

后来，我们都毕业了，各自有了工作，写信的频率慢慢降低了，可是每年过年的时候，我们一定会给对方寄一张贺卡，写上几句祝福的话。

有一年冬天，我收到她的信，信里说她要结婚了，希望我能去参加她的婚礼。我很高兴，马上请了假，买了火车票，坐了整整一天一夜的车去看她。

见面的那一刻，我们都哭了。那么多年没见，她一点也没变，还是那样爱笑，说话还是那样温柔。我们聊了整整一夜，好像要把这些年没说的话都说完。

婚礼结束以后，我回到了自己的城市，继续过着忙碌的生活。我们依然写信，只是信里的内容慢慢变成了孩子、家庭和工作上的琐事。

时间一年一年地过去，我们都老了。有一天，我收到一个包裹，里面装着厚厚的一沓信，全都是我这些年写给她的。附带的纸条上写着：替我好好保存。

我这才知道，她已经离开了这个世界。我把那些信一封一封地读完，好像又回到了我们年轻的时候，回到了那个夏天，回到了那个我们第一次相遇的地方。

从那以后，我常常想，人和人之间的缘分真是奇妙。有些人，你和她在一起很久，却始终走不进彼此的心里；有些人，你们只是短暂地相遇，却可以陪伴彼此一辈子。

我把那些信和她写给我的信放在一起，装进一个木盒子里，放在床头。每当夜深人静的时候，我就会拿出来读一读，仿佛她还在我的身边，还在和我说话。

现在的年轻人大概很难理解这种感情了。他们有手机、有网络，想说什么随时都可以说，想见谁随时都可以见。可是，那种等待一封信的心情，那种拆开信封时的激动，是任何东西都替代不了的。

有时候我会想，如果当初我们没有写信，而是像现在的人一样每天聊天，我们的友谊会不会更长久？可是，我又觉得，正是因为那些等待，那些思念，才让我们的感情变得更加珍贵。

写信是一件很慢的事情。你需要坐下来，安静地想一想要说什么，然后一个字一个字地写下来。写完以后，还要找信封、贴邮票、跑到邮局寄出去。可是，正是这种慢，让每一句话都变得有分量。

我记得有一次，她在信里告诉我，她养了一只小猫，每天晚上都会跳到她的床上睡觉。她说那只猫很调皮，常常把她的毛线球弄得满地都是。我读着读着就笑了，好像能看见那只猫就在眼前。

还有一次，她在信里写到她生病了，住了很长时间的医院。她说医院的窗外有一棵很大的树，每天早上都会有小鸟在树上唱歌。她说那是她每天最期待的时刻。

我给她回信，告诉她要好好养病，等她好了，我们一起去看海。她回信说好，可是后来我们谁也没有去成。生活总是有那么多的事情，让人身不由己。

如今，我已经很少写信了，偶尔提起笔来，却发现不知道该写给谁。那些曾经和我通信的朋友，有的已经失去了联系，有的已经不在人世了。

可是我还是会把那些信保存好，因为它们是我生命中最珍贵的东西。每一封信都记录着一段时光，一份感情，一个再也回不去的过去。

有人说，人这一辈子，能遇到一个真正懂你的人，是一件很幸运的事。我想，我是幸运的，因为我遇到了她。

虽然我们相隔千里，虽然我们见面的次数屈指可数，可是我知道，在这个世界的某个角落，有一个人在想着我，惦记着我。这种感觉，真好。

后来，我把这个故事讲给我的孙女听。她听完以后问我：奶奶，你们为什么不打电话呢？我笑了笑，没有回答。有些东西，是需要时间才能明白的。

我相信，总有一天，她也会明白。明白等待的意义，明白思念的滋味，明白一封信里藏着多少说不出口的话。

在那些没有手机的日子里，我们用文字传递着彼此的温度。那些字迹，有的工整，有的潦草，可是每一笔每一画，都饱含着真挚的感情。

她的字写得很漂亮，一笔一画都很用心。她说，字如其人，写字的时候一定要认真。我一直记着这句话，后来写字的时候也变得认真起来。

我们曾经约定，等我们都老了，要找一个安静的小镇，住在一起，每天喝茶、聊天、晒太阳。可惜，这个约定再也无法实现了。

有时候，我会一个人走到邮局门口，看着那个绿色的邮筒发呆。我想，如果可以的话，我真想再给她写一封信，告诉她，我很想她。

日子还在继续，我也在慢慢变老。可是那些信，那些回忆，永远不会老去。它们会一直陪着我，直到我生命的最后一刻。

如果有来生，我希望我们还能相遇。还能在那个夏天，在那个夏令营里，第一次见面，第一次说话，第一次约定要给对方写信。

我想，那一定会是一个很美的故事。就像我们这一生一样，平凡，却温暖。

朋友，你还好吗？在另一个世界里，你还会写信吗？如果你写了，请一定要寄给我。我会一直等着，就像我们年轻的时候那样。

写到这里，窗外的天已经黑了。我放下笔，把这封没有地址的信轻轻折好，放进那个木盒子里，和其他的信放在一起。

晚安，我亲爱的朋友。愿你在那边一切都好。

在很久以前，两个人通过书信往来，诉说着彼此生活里发生的事。一封信从写下到寄出，再到对方收到，往往需要很长的时间，可是大家依然乐此不疲。

我有一个很要好的朋友，她住在离我很远的城市。我们认识是在一次偶然的机会里，那时候我们都还是学生，一起参加了一个夏令营。

夏令营结束以后，我们约定要经常写信。刚开始的时候，我们每个星期都会写一封信，把学校里发生的事情、读过的书、看过的电影统统写进去。

后来，我们都毕业了，各自有了工作，写信的频率慢慢降低了，可是每年过年的时候，我们一定会给对方寄一张贺卡，写上几句祝福的话。

有一年冬天，我收到她的信，信里说她要结婚了，希望我能去参加她的婚礼。我很高兴，马上请了假，买了火车票，坐了整整一天一夜的车去看她。

见面的那一刻，我们都哭了。那么多年没见，她一点也没变，还是那样爱笑，说话还是那样温柔。我们聊了整整一夜，好像要把这些年没说的话都说完。

婚礼结束以后，我回到了自己的城市，继续过着忙碌的生活。我们依然写信，只是信里的内容慢慢变成了孩子、家庭和工作上的琐事。

时间一年一年地过去，我们都老了。有一天，我收到一个包裹，里面装着厚厚的一沓信，全都是我这些年写给她的。附带的纸条上写着：替我好好保存。

我这才知道，她已经离开了这个世界。我把那些信一封一封地读完，好像又回到了我们年轻的时候，回到了那个夏天，回到了那个我们第一次相遇的地方。

从那以后，我常常想，人和人之间的缘分真是奇妙。有些人，你和她在一起很久，却始终走不进彼此的心里；有些人，你们只是短暂地相遇，却可以陪伴彼此一辈子。

我把那些信和她写给我的信放在一起，装进一个木盒子里，放在床头。每当夜深人静的时候，我就会拿出来读一读，仿佛她还在我的身边，还在和我说话。

现在的年轻人大概很难理解这种感情了。他们有手机、有网络，想说什么随时都可以说，想见谁随时都可以见。可是，那种等待一封信的心情，那种拆开信封时的激动，是任何东西都替代不了的。

有时候我会想，如果当初我们没有写信，而是像现在的人一样每天聊天，我们的友谊会不会更长久？可是，我又觉得，正是因为那些等待，那些思念，才让我们的感情变得更加珍贵。

写信是一件很慢的事情。你需要坐下来，安静地想一想要说什么，然后一个字一个字地写下来。写完以后，还要找信封、贴邮票、跑到邮局寄出去。可是，正是这种慢，让每一句话都变得有分量。

我记得有一次，她在信里告诉我，她养了一只小猫，每天晚上都会跳到她的床上睡觉。她说那只猫很调皮，常常把她的毛线球弄得满地都是。我读着读着就笑了，好像能看见那只猫就在眼前。

还有一次，她在信里写到她生病了，住了很长时间的医院。她说医院的窗外有一棵很大的树，每天早上都会有小鸟在树上唱歌。她说那是她每天最期待的时刻。

我给她回信，告诉她要好好养病，等她好了，我们一起去看海。她回信说好，可是后来我们谁也没有去成。生活总是有那么多的事情，让人身不由己。

如今，我已经很少写信了，偶尔提起笔来，却发现不知道该写给谁。那些曾经和我通信的朋友，有的已经失去了联系，有的已经不在人世了。

可是我还是会把那些信保存好，因为它们是我生命中最珍贵的东西。每一封信都记录着一段时光，一份感情，一个再也回不去的过去。

有人说，人这一辈子，能遇到一个真正懂你的人，是一件很幸运的事。我想，我是幸运的，因为我遇到了她。

虽然我们相隔千里，虽然我们见面的次数屈指可数，可是我知道，在这个世界的某个角落，有一个人在想着我，惦记着我。这种感觉，真好。

后来，我把这个故事讲给我的孙女听。她听完以后问我：奶奶，你们为什么不打电话呢？我笑了笑，没有回答。有些东西，是需要时间才能明白的。

我相信，总有一天，她也会明白。明白等待的意义，明白思念的滋味，明白一封信里藏着多少说不出口的话。

在那些没有手机的日子里，我们用文字传递着彼此的温度。那些字迹，有的工整，有的潦草，可是每一笔每一画，都饱含着真挚的感情。

她的字写得很漂亮，一笔一画都很用心。她说，字如其人，写字的时候一定要认真。我一直记着这句话，后来写字的时候也变得认真起来。

我们曾经约定，等我们都老了，要找一个安静的小镇，住在一起，每天喝茶、聊天、晒太阳。可惜，这个约定再也无法实现了。

有时候，我会一个人走到邮局门口，看着那个绿色的邮筒发呆。我想，如果可以的话，我真想再给她写一封信，告诉她，我很想她。

日子还在继续，我也在慢慢变老。可是那些信，那些回忆，永远不会老去。它们会一直陪着我，直到我生命的最后一刻。

如果有来生，我希望我们还能相遇。还能在那个夏天，在那个夏令营里，第一次见面，第一次说话，第一次约定要给对方写信。

我想，那一定会是一个很美的故事。就像我们这一生一样，平凡，却温暖。

朋友，你还好吗？在另一个世界里，你还会写信吗？如果你写了，请一定要寄给我。我会一直等着，就像我们年轻的时候那样。

写到这里，窗外的天已经黑了。我放下笔，把这封没有地址的信轻轻折好，放进那个木盒子里，和其他的信放在一起。

晚安，我亲爱的朋友。愿你在那边一切都好。

在很久以前，两个人通过书信往来，诉说着彼此生活里发生的事。一封信从写下到寄出，再到对方收到，往往需要很长的时间，可是大家依然乐此不疲。

我有一个很要好的朋友，她住在离我很远的城市。我们认识是在一次偶然的机会里，那时候我们都还是学生，一起参加了一个夏令营。

夏令营结束以后，我们约定要经常写信。刚开始的时候，我们每个星期都会写一封信，把学校里发生的事情、读过的书、看过的电影统统写进去。

后来，我们都毕业了，各自有了工作，写信的频率慢慢降低了，可是每年过年的时候，我们一定会给对方寄一张贺卡，写上几句祝福的话。

有一年冬天，我收到她的信，信里说她要结婚了，希望我能去参加她的婚礼。我很高兴，马上请了假，买了火车票，坐了整整一天一夜的车去看她。

见面的那一刻，我们都哭了。那么多年没见，她一点也没变，还是那样爱笑，说话还是那样温柔。我们聊了整整一夜，好像要把这些年没说的话都说完。

婚礼结束以后，我回到了自己的城市，继续过着忙碌的生活。我们依然写信，只是信里的内容慢慢变成了孩子、家庭和工作上的琐事。

时间一年一年地过去，我们都老了。有一天，我收到一个包裹，里面装着厚厚的一沓信，全都是我这些年写给她的。附带的纸条上写着：替我好好保存。

我这才知道，她已经离开了这个世界。我把那些信一封一封地读完，好像又回到了我们年轻的时候，回到了那个夏天，回到了那个我们第一次相遇的地方。

从那以后，我常常想，人和人之间的缘分真是奇妙。有些人，你和她在一起很久，却始终走不进彼此的心里；有些人，你们只是短暂地相遇，却可以陪伴彼此一辈子。

我把那些信和她写给我的信放在一起，装进一个木盒子里，放在床头。每当夜深人静的时候，我就会拿出来读一读，仿佛她还在我的身边，还在和我说话。

现在的年轻人大概很难理解这种感情了。他们有手机、有网络，想说什么随时都可以说，想见谁随时都可以见。可是，那种等待一封信的心情，那种拆开信封时的激动，是任何东西都替代不了的。

有时候我会想，如果当初我们没有写信，而是像现在的人一样每天聊天，我们的友谊会不会更长久？可是，我又觉得，正是因为那些等待，那些思念，才让我们的感情变得更加珍贵。

写信是一件很慢的事情。你需要坐下来，安静地想一想要说什么，然后一个字一个字地写下来。写完以后，还要找信封、贴邮票、跑到邮局寄出去。可是，正是这种慢，让每一句话都变得有分量。

我记得有一次，她在信里告诉我，她养了一只小猫，每天晚上都会跳到她的床上睡觉。她说那只猫很调皮，常常把她的毛线球弄得满地都是。我读着读着就笑了，好像能看见那只猫就在眼前。

还有一次，她在信里写到她生病了，住了很长时间的医院。她说医院的窗外有一棵很大的树，每天早上都会有小鸟在树上唱歌。她说那是她每天最期待的时刻。

我给她回信，告诉她要好好养病，等她好了，我们一起去看海。她回信说好，可是后来我们谁也没有去成。生活总是有那么多的事情，让人身不由己。

如今，我已经很少写信了，偶尔提起笔来，却发现不知道该写给谁。那些曾经和我通信的朋友，有的已经失去了联系，有的已经不在人世了。

可是我还是会把那些信保存好，因为它们是我生命中最珍贵的东西。每一封信都记录着一段时光，一份感情，一个再也回不去的过去。

有人说，人这一辈子，能遇到一个真正懂你的人，是一件很幸运的事。我想，我是幸运的，因为我遇到了她。

虽然我们相隔千里，虽然我们见面的次数屈指可数，可是我知道，在这个世界的某个角落，有一个人在想着我，惦记着我。这种感觉，真好。

后来，我把这个故事讲给我的孙女听。她听完以后问我：奶奶，你们为什么不打电话呢？我笑了笑，没有回答。有些东西，是需要时间才能明白的。

我相信，总有一天，她也会明白。明白等待的意义，明白思念的滋味，明白一封信里藏着多少说不出口的话。

在那些没有手机的日子里，我们用文字传递着彼此的温度。那些字迹，有的工整，有的潦草，可是每一笔每一画，都饱含着真挚的感情。

她的字写得很漂亮，一笔一画都很用心。她说，字如其人，写字的时候一定要认真。我一直记着这句话，后来写字的时候也变得认真起来。

我们曾经约定，等我们都老了，要找一个安静的小镇，住在一起，每天喝茶、聊天、晒太阳。可惜，这个约定再也无法实现了。

有时候，我会一个人走到邮局门口，看着那个绿色的邮筒发呆。我想，如果可以的话，我真想再给她写一封信，告诉她，我很想她。

日子还在继续，我也在慢慢变老。可是那些信，那些回忆，永远不会老去。它们会一直陪着我，直到我生命的最后一刻。

如果有来生，我希望我们还能相遇。还能在那个夏天，在那个夏令营里，第一次见面，第一次说话，第一次约定要给对方写信。

我想，那一定会是一个很美的故事。就像我们这一生一样，平凡，却温暖。

朋友，你还好吗？在另一个世界里，你还会写信吗？如果你写了，请一定要寄给我。我会一直等着，就像我们年轻的时候那样。

写到这里，窗外的天已经黑了。我放下笔，把这封没有地址的信轻轻折好，放进那个木盒子里，和其他的信放在一起。

晚安，我亲爱的朋友。愿你在那边一切都好。

在很久以前，两个人通过书信往来，诉说着彼此生活里发生的事。一封信从写下到寄出，再到对方收到，往往需要很长的时间，可是大家依然乐此不疲。

我有一个很要好的朋友，她住在离我很远的城市。我们认识是在一次偶然的机会里，那时候我们都还是学生，一起参加了一个夏令营。

夏令营结束以后，我们约定要经常写信。刚开始的时候，我们每个星期都会写一封信，把学校里发生的事情、读过的书、看过的电影统统写进去。

后来，我们都毕业了，各自有了工作，写信的频率慢慢降低了，可是每年过年的时候，我们一定会给对方寄一张贺卡，写上几句祝福的话。

有一年冬天，我收到她的信，信里说她要结婚了，希望我能去参加她的婚礼。我很高兴，马上请了假，买了火车票，坐了整整一天一夜的车去看她。

见面的那一刻，我们都哭了。那么多年没见，她一点也没变，还是那样爱笑，说话还是那样温柔。我们聊了整整一夜，好像要把这些年没说的话都说完。

婚礼结束以后，我回到了自己的城市，继续过着忙碌的生活。我们依然写信，只是信里的内容慢慢变成了孩子、家庭和工作上的琐事。

时间一年一年地过去，我们都老了。有一天，我收到一个包裹，里面装着厚厚的一沓信，全都是我这些年写给她的。附带的纸条上写着：替我好好保存。

我这才知道，她已经离开了这个世界。我把那些信一封一封地读完，好像又回到了我们年轻的时候，回到了那个夏天，回到了那个我们第一次相遇的地方。

从那以后，我常常想，人和人之间的缘分真是奇妙。有些人，你和她在一起很久，却始终走不进彼此的心里；有些人，你们只是短暂地相遇，却可以陪伴彼此一辈子。

我把那些信和她写给我的信放在一起，装进一个木盒子里，放在床头。每当夜深人静的时候，我就会拿出来读一读，仿佛她还在我的身边，还在和我说话。

现在的年轻人大概很难理解这种感情了。他们有手机、有网络，想说什么随时都可以说，想见谁随时都可以见。可是，那种等待一封信的心情，那种拆开信封时的激动，是任何东西都替代不了的。

有时候我会想，如果当初我们没有写信，而是像现在的人一样每天聊天，我们的友谊会不会更长久？可是，我又觉得，正是因为那些等待，那些思念，才让我们的感情变得更加珍贵。

写信是一件很慢的事情。你需要坐下来，安静地想一想要说什么，然后一个字一个字地写下来。写完以后，还要找信封、贴邮票、跑到邮局寄出去。可是，正是这种慢，让每一句话都变得有分量。

我记得有一次，她在信里告诉我，她养了一只小猫，每天晚上都会跳到她的床上睡觉。她说那只猫很调皮，常常把她的毛线球弄得满地都是。我读着读着就笑了，好像能看见那只猫就在眼前。

还有一次，她在信里写到她生病了，住了很长时间的医院。她说医院的窗外有一棵很大的树，每天早上都会有小鸟在树上唱歌。她说那是她每天最期待的时刻。

我给她回信，告诉她要好好养病，等她好了，我们一起去看海。她回信说好，可是后来我们谁也没有去成。生活总是有那么多的事情，让人身不由己。

如今，我已经很少写信了，偶尔提起笔来，却发现不知道该写给谁。那些曾经和我通信的朋友，有的已经失去了联系，有的已经不在人世了。

可是我还是会把那些信保存好，因为它们是我生命中最珍贵的东西。每一封信都记录着一段时光，一份感情，一个再也回不去的过去。

有人说，人这一辈子，能遇到一个真正懂你的人，是一件很幸运的事。我想，我是幸运的，因为我遇到了她。

虽然我们相隔千里，虽然我们见面的次数屈指可数，可是我知道，在这个世界的某个角落，有一个人在想着我，惦记着我。这种感觉，真好。

后来，我把这个故事讲给我的孙女听。她听完以后问我：奶奶，你们为什么不打电话呢？我笑了笑，没有回答。有些东西，是需要时间才能明白的。

我相信，总有一天，她也会明白。明白等待的意义，明白思念的滋味，明白一封信里藏着多少说不出口的话。

在那些没有手机的日子里，我们用文字传递着彼此的温度。那些字迹，有的工整，有的潦草，可是每一笔每一画，都饱含着真挚的感情。

她的字写得很漂亮，一笔一画都很用心。她说，字如其人，写字的时候一定要认真。我一直记着这句话，后来写字的时候也变得认真起来。

我们曾经约定，等我们都老了，要找一个安静的小镇，住在一起，每天喝茶、聊天、晒太阳。可惜，这个约定再也无法实现了。

有时候，我会一个人走到邮局门口，看着那个绿色的邮筒发呆。我想，如果可以的话，我真想再给她写一封信，告诉她，我很想她。

日子还在继续，我也在慢慢变老。可是那些信，那些回忆，永远不会老去。它们会一直陪着我，直到我生命的最后一刻。

如果有来生，我希望我们还能相遇。还能在那个夏天，在那个夏令营里，第一次见面，第一次说话，第一次约定要给对方写信。

我想，那一定会是一个很美的故事。就像我们这一生一样，平凡，却温暖。

朋友，你还好吗？在另一个世界里，你还会写信吗？如果你写了，请一定要寄给我。我会一直等着，就像我们年轻的时候那样。

写到这里，窗外的天已经黑了。我放下笔，把这封没有地址的信轻轻折好，放进那个木盒子里，和其他的信放在一起。

晚安，我亲爱的朋友。愿你在那边一切都好。

在很久以前，两个人通过书信往来，诉说着彼此生活里发生的事。一封信从写下到寄出，再到对方收到，往往需要很长的时间，可是大家依然乐此不疲。

我有一个很要好的朋友，她住在离我很远的城市。我们认识是在一次偶然的机会里，那时候我们都还是学生，一起参加了一个夏令营。

夏令营结束以后，我们约定要经常写信。刚开始的时候，我们每个星期都会写一封信，把学校里发生的事情、读过的书、看过的电影统统写进去。

后来，我们都毕业了，各自有了工作，写信的频率慢慢降低了，可是每年过年的时候，我们一定会给对方寄一张贺卡，写上几句祝福的话。

有一年冬天，我收到她的信，信里说她要结婚了，希望我能去参加她的婚礼。我很高兴，马上请了假，买了火车票，坐了整整一天一夜的车去看她。

见面的那一刻，我们都哭了。那么多年没见，她一点也没变，还是那样爱笑，说话还是那样温柔。我们聊了整整一夜，好像要把这些年没说的话都说完。

婚礼结束以后，我回到了自己的城市，继续过着忙碌的生活。我们依然写信，只是信里的内容慢慢变成了孩子、家庭和工作上的琐事。

时间一年一年地过去，我们都老了。有一天，我收到一个包裹，里面装着厚厚的一沓信，全都是我这些年写给她的。附带的纸条上写着：替我好好保存。

我这才知道，她已经离开了这个世界。我把那些信一封一封地读完，好像又回到了我们年轻的时候，回到了那个夏天，回到了那个我们第一次相遇的地方。

从那以后，我常常想，人和人之间的缘分真是奇妙。有些人，你和她在一起很久，却始终走不进彼此的心里；有些人，你们只是短暂地相遇，却可以陪伴彼此一辈子。

我把那些信和她写给我的信放在一起，装进一个木盒子里，放在床头。每当夜深人静的时候，我就会拿出来读一读，仿佛她还在我的身边，还在和我说话。

现在的年轻人大概很难理解这种感情了。他们有手机、有网络，想说什么随时都可以说，想见谁随时都可以见。可是，那种等待一封信的心情，那种拆开信封时的激动，是任何东西都替代不了的。

有时候我会想，如果当初我们没有写信，而是像现在的人一样每天聊天，我们的友谊会不会更长久？可是，我又觉得，正是因为那些等待，那些思念，才让我们的感情变得更加珍贵。

写信是一件很慢的事情。你需要坐下来，安静地想一想要说什么，然后一个字一个字地写下来。写完以后，还要找信封、贴邮票、跑到邮局寄出去。可是，正是这种慢，让每一句话都变得有分量。

我记得有一次，她在信里告诉我，她养了一只小猫，每天晚上都会跳到她的床上睡觉。她说那只猫很调皮，常常把她的毛线球弄得满地都是。我读着读着就笑了，好像能看见那只猫就在眼前。

还有一次，她在信里写到她生病了，住了很长时间的医院。她说医院的窗外有一棵很大的树，每天早上都会有小鸟在树上唱歌。她说那是她每天最期待的时刻。

我给她回信，告诉她要好好养病，等她好了，我们一起去看海。她回信说好，可是后来我们谁也没有去成。生活总是有那么多的事情，让人身不由己。

如今，我已经很少写信了，偶尔提起笔来，却发现不知道该写给谁。那些曾经和我通信的朋友，有的已经失去了联系，有的已经不在人世了。

可是我还是会把那些信保存好，因为它们是我生命中最珍贵的东西。每一封信都记录着一段时光，一份感情，一个再也回不去的过去。

有人说，人这一辈子，能遇到一个真正懂你的人，是一件很幸运的事。我想，我是幸运的，因为我遇到了她。

虽然我们相隔千里，虽然我们见面的次数屈指可数，可是我知道，在这个世界的某个角落，有一个人在想着我，惦记着我。这种感觉，真好。

后来，我把这个故事讲给我的孙女听。她听完以后问我：奶奶，你们为什么不打电话呢？我笑了笑，没有回答。有些东西，是需要时间才能明白的。

我相信，总有一天，她也会明白。明白等待的意义，明白思念的滋味，明白一封信里藏着多少说不出口的话。

在那些没有手机的日子里，我们用文字传递着彼此的温度。那些字迹，有的工整，有的潦草，可是每一笔每一画，都饱含着真挚的感情。

她的字写得很漂亮，一笔一画都很用心。她说，字如其人，写字的时候一定要认真。我一直记着这句话，后来写字的时候也变得认真起来。

我们曾经约定，等我们都老了，要找一个安静的小镇，住在一起，每天喝茶、聊天、晒太阳。可惜，这个约定再也无法实现了。

有时候，我会一个人走到邮局门口，看着那个绿色的邮筒发呆。我想，如果可以的话，我真想再给她写一封信，告诉她，我很想她。

日子还在继续，我也在慢慢变老。可是那些信，那些回忆，永远不会老去。它们会一直陪着我，直到我生命的最后一刻。

如果有来生，我希望我们还能相遇。还能在那个夏天，在那个夏令营里，第一次见面，第一次说话，第一次约定要给对方写信。

我想，那一定会是一个很美的故事。就像我们这一生一样，平凡，却温暖。

朋友，你还好吗？在另一个世界里，你还会写信吗？如果你写了，请一定要寄给我。我会一直等着，就像我们年轻的时候那样。

写到这里，窗外的天已经黑了。我放下笔，把这封没有地址的信轻轻折好，放进那个木盒子里，和其他的信放在一起。

晚安，我亲爱的朋友。愿你在那边一切都好。

在很久以前，两个人通过书信往来，诉说着彼此生活里发生的事。一封信从写下到寄出，再到对方收到，往往需要很长的时间，可是大家依然乐此不疲。

我有一个很要好的朋友，她住在离我很远的城市。我们认识是在一次偶然的机会里，那时候我们都还是学生，一起参加了一个夏令营。

夏令营结束以后，我们约定要经常写信。刚开始的时候，我们每个星期都会写一封信，把学校里发生的事情、读过的书、看过的电影统统写进去。

后来，我们都毕业了，各自有了工作，写信的频率慢慢降低了，可是每年过年的时候，我们一定会给对方寄一张贺卡，写上几句祝福的话。

有一年冬天，我收到她的信，信里说她要结婚了，希望我能去参加她的婚礼。我很高兴，马上请了假，买了火车票，坐了整整一天一夜的车去看她。

见面的那一刻，我们都哭了。那么多年没见，她一点也没变，还是那样爱笑，说话还是那样温柔。我们聊了整整一夜，好像要把这些年没说的话都说完。

婚礼结束以后，我回到了自己的城市，继续过着忙碌的生活。我们依然写信，只是信里的内容慢慢变成了孩子、家庭和工作上的琐事。

时间一年一年地过去，我们都老了。有一天，我收到一个包裹，里面装着厚厚的一沓信，全都是我这些年写给她的。附带的纸条上写着：替我好好保存。

我这才知道，她已经离开了这个世界。我把那些信一封一封地读完，好像又回到了我们年轻的时候，回到了那个夏天，回到了那个我们第一次相遇的地方。

从那以后，我常常想，人和人之间的缘分真是奇妙。有些人，你和她在一起很久，却始终走不进彼此的心里；有些人，你们只是短暂地相遇，却可以陪伴彼此一辈子。

我把那些信和她写给我的信放在一起，装进一个木盒子里，放在床头。每当夜深人静的时候，我就会拿出来读一读，仿佛她还在我的身边，还在和我说话。

现在的年轻人大概很难理解这种感情了。他们有手机、有网络，想说什么随时都可以说，想见谁随时都可以见。可是，那种等待一封信的心情，那种拆开信封时的激动，是任何东西都替代不了的。

有时候我会想，如果当初我们没有写信，而是像现在的人一样每天聊天，我们的友谊会不会更长久？可是，我又觉得，正是因为那些等待，那些思念，才让我们的感情变得更加珍贵。

写信是一件很慢的事情。你需要坐下来，安静地想一想要说什么，然后一个字一个字地写下来。写完以后，还要找信封、贴邮票、跑到邮局寄出去。可是，正是这种慢，让每一句话都变得有分量。

我记得有一次，她在信里告诉我，她养了一只小猫，每天晚上都会跳到她的床上睡觉。她说那只猫很调皮，常常把她的毛线球弄得满地都是。我读着读着就笑了，好像能看见那只猫就在眼前。

还有一次，她在信里写到她生病了，住了很长时间的医院。她说医院的窗外有一棵很大的树，每天早上都会有小鸟在树上唱歌。她说那是她每天最期待的时刻。

我给她回信，告诉她要好好养病，等她好了，我们一起去看海。她回信说好，可是后来我们谁也没有去成。生活总是有那么多的事情，让人身不由己。

如今，我已经很少写信了，偶尔提起笔来，却发现不知道该写给谁。那些曾经和我通信的朋友，有的已经失去了联系，有的已经不在人世了。

可是我还是会把那些信保存好，因为它们是我生命中最珍贵的东西。每一封信都记录着一段时光，一份感情，一个再也回不去的过去。

有人说，人这一辈子，能遇到一个真正懂你的人，是一件很幸运的事。我想，我是幸运的，因为我遇到了她。

虽然我们相隔千里，虽然我们见面的次数屈指可数，可是我知道，在这个世界的某个角落，有一个人在想着我，惦记着我。这种感觉，真好。

后来，我把这个故事讲给我的孙女听。她听完以后问我：奶奶，你们为什么不打电话呢？我笑了笑，没有回答。有些东西，是需要时间才能明白的。

我相信，总有一天，她也会明白。明白等待的意义，明白思念的滋味，明白一封信里藏着多少说不出口的话。

在那些没有手机的日子里，我们用文字传递着彼此的温度。那些字迹，有的工整，有的潦草，可是每一笔每一画，都饱含着真挚的感情。

她的字写得很漂亮，一笔一画都很用心。她说，字如其人，写字的时候一定要认真。我一直记着这句话，后来写字的时候也变得认真起来。

我们曾经约定，等我们都老了，要找一个安静的小镇，住在一起，每天喝茶、聊天、晒太阳。可惜，这个约定再也无法实现了。

有时候，我会一个人走到邮局门口，看着那个绿色的邮筒发呆。我想，如果可以的话，我真想再给她写一封信，告诉她，我很想她。

日子还在继续，我也在慢慢变老。可是那些信，那些回忆，永远不会老去。它们会一直陪着我，直到我生命的最后一刻。

如果有来生，我希望我们还能相遇。还能在那个夏天，在那个夏令营里，第一次见面，第一次说话，第一次约定要给对方写信。

我想，那一定会是一个很美的故事。就像我们这一生一样，平凡，却温暖。

朋友，你还好吗？在另一个世界里，你还会写信吗？如果你写了，请一定要寄给我。我会一直等着，就像我们年轻的时候那样。

写到这里，窗外的天已经黑了。我放下笔，把这封没有地址的信轻轻折好，放进那个木盒子里，和其他的信放在一起。

晚安，我亲爱的朋友。愿你在那边一切都好。

在很久以前，两个人通过书信往来，诉说着彼此生活里发生的事。一封信从写下到寄出，再到对方收到，往往需要很长的时间，可是大家依然乐此不疲。

我有一个很要好的朋友，她住在离我很远的城市。我们认识是在一次偶然的机会里，那时候我们都还是学生，一起参加了一个夏令营。

夏令营结束以后，我们约定要经常写信。刚开始的时候，我们每个星期都会写一封信，把学校里发生的事情、读过的书、看过的电影统统写进去。

后来，我们都毕业了，各自有了工作，写信的频率慢慢降低了，可是每年过年的时候，我们一定会给对方寄一张贺卡，写上几句祝福的话。

有一年冬天，我收到她的信，信里说她要结婚了，希望我能去参加她的婚礼。我很高兴，马上请了假，买了火车票，坐了整整一天一夜的车去看她。

见面的那一刻，我们都哭了。那么多年没见，她一点也没变，还是那样爱笑，说话还是那样温柔。我们聊了整整一夜，好像要把这些年没说的话都说完。

婚礼结束以后，我回到了自己的城市，继续过着忙碌的生活。我们依然写信，只是信里的内容慢慢变成了孩子、家庭和工作上的琐事。

时间一年一年地过去，我们都老了。有一天，我收到一个包裹，里面装着厚厚的一沓信，全都是我这些年写给她的。附带的纸条上写着：替我好好保存。

我这才知道，她已经离开了这个世界。我把那些信一封一封地读完，好像又回到了我们年轻的时候，回到了那个夏天，回到了那个我们第一次相遇的地方。

从那以后，我常常想，人和人之间的缘分真是奇妙。有些人，你和她在一起很久，却始终走不进彼此的心里；有些人，你们只是短暂地相遇，却可以陪伴彼此一辈子。

我把那些信和她写给我的信放在一起，装进一个木盒子里，放在床头。每当夜深人静的时候，我就会拿出来读一读，仿佛她还在我的身边，还在和我说话。

现在的年轻人大概很难理解这种感情了。他们有手机、有网络，想说什么随时都可以说，想见谁随时都可以见。可是，那种等待一封信的心情，那种拆开信封时的激动，是任何东西都替代不了的。

有时候我会想，如果当初我们没有写信，而是像现在的人一样每天聊天，我们的友谊会不会更长久？可是，我又觉得，正是因为那些等待，那些思念，才让我们的感情变得更加珍贵。

写信是一件很慢的事情。你需要坐下来，安静地想一想要说什么，然后一个字一个字地写下来。写完以后，还要找信封、贴邮票、跑到邮局寄出去。可是，正是这种慢，让每一句话都变得有分量。

我记得有一次，她在信里告诉我，她养了一只小猫，每天晚上都会跳到她的床上睡觉。她说那只猫很调皮，常常把她的毛线球弄得满地都是。我读着读着就笑了，好像能看见那只猫就在眼前。

还有一次，她在信里写到她生病了，住了很长时间的医院。她说医院的窗外有一棵很大的树，每天早上都会有小鸟在树上唱歌。她说那是她每天最期待的时刻。

我给她回信，告诉她要好好养病，等她好了，我们一起去看海。她回信说好，可是后来我们谁也没有去成。生活总是有那么多的事情，让人身不由己。

如今，我已经很少写信了，偶尔提起笔来，却发现不知道该写给谁。那些曾经和我通信的朋友，有的已经失去了联系，有的已经不在人世了。

可是我还是会把那些信保存好，因为它们是我生命中最珍贵的东西。每一封信都记录着一段时光，一份感情，一个再也回不去的过去。

有人说，人这一辈子，能遇到一个真正懂你的人，是一件很幸运的事。我想，我是幸运的，因为我遇到了她。

虽然我们相隔千里，虽然我们见面的次数屈指可数，可是我知道，在这个世界的某个角落，有一个人在想着我，惦记着我。这种感觉，真好。

后来，我把这个故事讲给我的孙女听。她听完以后问我：奶奶，你们为什么不打电话呢？我笑了笑，没有回答。有些东西，是需要时间才能明白的。

我相信，总有一天，她也会明白。明白等待的意义，明白思念的滋味，明白一封信里藏着多少说不出口的话。

在那些没有手机的日子里，我们用文字传递着彼此的温度。那些字迹，有的工整，有的潦草，可是每一笔每一画，都饱含着真挚的感情。

她的字写得很漂亮，一笔一画都很用心。她说，字如其人，写字的时候一定要认真。我一直记着这句话，后来写字的时候也变得认真起来。

我们曾经约定，等我们都老了，要找一个安静的小镇，住在一起，每天喝茶、聊天、晒太阳。可惜，这个约定再也无法实现了。

有时候，我会一个人走到邮局门口，看着那个绿色的邮筒发呆。我想，如果可以的话，我真想再给她写一封信，告诉她，我很想她。

日子还在继续，我也在慢慢变老。可是那些信，那些回忆，永远不会老去。它们会一直陪着我，直到我生命的最后一刻。

如果有来生，我希望我们还能相遇。还能在那个夏天，在那个夏令营里，第一次见面，第一次说话，第一次约定要给对方写信。

我想，那一定会是一个很美的故事。就像我们这一生一样，平凡，却温暖。

朋友，你还好吗？在另一个世界里，你还会写信吗？如果你写了，请一定要寄给我。我会一直等着，就像我们年轻的时候那样。

写到这里，窗外的天已经黑了。我放下笔，把这封没有地址的信轻轻折好，放进那个木盒子里，和其他的信放在一起。

晚安，我亲爱的朋友。愿你在那边一切都好。

在很久以前，两个人通过书信往来，诉说着彼此生活里发生的事。一封信从写下到寄出，再到对方收到，往往需要很长的时间，可是大家依然乐此不疲。

我有一个很要好的朋友，她住在离我很远的城市。我们认识是在一次偶然的机会里，那时候我们都还是学生，一起参加了一个夏令营。

夏令营结束以后，我们约定要经常写信。刚开始的时候，我们每个星期都会写一封信，把学校里发生的事情、读过的书、看过的电影统统写进去。

后来，我们都毕业了，各自有了工作，写信的频率慢慢降低了，可是每年过年的时候，我们一定会给对方寄一张贺卡，写上几句祝福的话。

有一年冬天，我收到她的信，信里说她要结婚了，希望我能去参加她的婚礼。我很高兴，马上请了假，买了火车票，坐了整整一天一夜的车去看她。

见面的那一刻，我们都哭了。那么多年没见，她一点也没变，还是那样爱笑，说话还是那样温柔。我们聊了整整一夜，好像要把这些年没说的话都说完。

婚礼结束以后，我回到了自己的城市，继续过着忙碌的生活。我们依然写信，只是信里的内容慢慢变成了孩子、家庭和工作上的琐事。

时间一年一年地过去，我们都老了。有一天，我收到一个包裹，里面装着厚厚的一沓信，全都是我这些年写给她的。附带的纸条上写着：替我好好保存。

我这才知道，她已经离开了这个世界。我把那些信一封一封地读完，好像又回到了我们年轻的时候，回到了那个夏天，回到了那个我们第一次相遇的地方。

从那以后，我常常想，人和人之间的缘分真是奇妙。有些人，你和她在一起很久，却始终走不进彼此的心里；有些人，你们只是短暂地相遇，却可以陪伴彼此一辈子。

我把那些信和她写给我的信放在一起，装进一个木盒子里，放在床头。每当夜深人静的时候，我就会拿出来读一读，仿佛她还在我的身边，还在和我说话。

现在的年轻人大概很难理解这种感情了。他们有手机、有网络，想说什么随时都可以说，想见谁随时都可以见。可是，那种等待一封信的心情，那种拆开信封时的激动，是任何东西都替代不了的。

有时候我会想，如果当初我们没有写信，而是像现在的人一样每天聊天，我们的友谊会不会更长久？可是，我又觉得，正是因为那些等待，那些思念，才让我们的感情变得更加珍贵。

写信是一件很慢的事情。你需要坐下来，安静地想一想要说什么，然后一个字一个字地写下来。写完以后，还要找信封、贴邮票、跑到邮局寄出去。可是，正是这种慢，让每一句话都变得有分量。

我记得有一次，她在信里告诉我，她养了一只小猫，每天晚上都会跳到她的床上睡觉。她说那只猫很调皮，常常把她的毛线球弄得满地都是。我读着读着就笑了，好像能看见那只猫就在眼前。

还有一次，她在信里写到她生病了，住了很长时间的医院。她说医院的窗外有一棵很大的树，每天早上都会有小鸟在树上唱歌。她说那是她每天最期待的时刻。

我给她回信，告诉她要好好养病，等她好了，我们一起去看海。她回信说好，可是后来我们谁也没有去成。生活总是有那么多的事情，让人身不由己。

如今，我已经很少写信了，偶尔提起笔来，却发现不知道该写给谁。那些曾经和我通信的朋友，有的已经失去了联系，有的已经不在人世了。

可是我还是会把那些信保存好，因为它们是我生命中最珍贵的东西。每一封信都记录着一段时光，一份感情，一个再也回不去的过去。

有人说，人这一辈子，能遇到一个真正懂你的人，是一件很幸运的事。我想，我是幸运的，因为我遇到了她。

虽然我们相隔千里，虽然我们见面的次数屈指可数，可是我知道，在这个世界的某个角落，有一个人在想着我，惦记着我。这种感觉，真好。

后来，我把这个故事讲给我的孙女听。她听完以后问我：奶奶，你们为什么不打电话呢？我笑了笑，没有回答。有些东西，是需要时间才能明白的。

我相信，总有一天，她也会明白。明白等待的意义，明白思念的滋味，明白一封信里藏着多少说不出口的话。

在那些没有手机的日子里，我们用文字传递着彼此的温度。那些字迹，有的工整，有的潦草，可是每一笔每一画，都饱含着真挚的感情。

她的字写得很漂亮，一笔一画都很用心。她说，字如其人，写字的时候一定要认真。我一直记着这句话，后来写字的时候也变得认真起来。

我们曾经约定，等我们都老了，要找一个安静的小镇，住在一起，每天喝茶、聊天、晒太阳。可惜，这个约定再也无法实现了。

有时候，我会一个人走到邮局门口，看着那个绿色的邮筒发呆。我想，如果可以的话，我真想再给她写一封信，告诉她，我很想她。

日子还在继续，我也在慢慢变老。可是那些信，那些回忆，永远不会老去。它们会一直陪着我，直到我生命的最后一刻。

如果有来生，我希望我们还能相遇。还能在那个夏天，在那个夏令营里，第一次见面，第一次说话，第一次约定要给对方写信。

我想，那一定会是一个很美的故事。就像我们这一生一样，平凡，却温暖。

朋友，你还好吗？在另一个世界里，你还会写信吗？如果你写了，请一定要寄给我。我会一直等着，就像我们年轻的时候那样。

写到这里，窗外的天已经黑了。我放下笔，把这封没有地址的信轻轻折好，放进那个木盒子里，和其他的信放在一起。

晚安，我亲爱的朋友。愿你在那边一切都好。

在很久以前，两个人通过书信往来，诉说着彼此生活里发生的事。一封信从写下到寄出，再到对方收到，往往需要很长的时间，可是大家依然乐此不疲。

我有一个很要好的朋友，她住在离我很远的城市。我们认识是在一次偶然的机会里，那时候我们都还是学生，一起参加了一个夏令营。

夏令营结束以后，我们约定要经常写信。刚开始的时候，我们每个星期都会写一封信，把学校里发生的事情、读过的书、看过的电影统统写进去。

后来，我们都毕业了，各自有了工作，写信的频率慢慢降低了，可是每年过年的时候，我们一定会给对方寄一张贺卡，写上几句祝福的话。

有一年冬天，我收到她的信，信里说她要结婚了，希望我能去参加她的婚礼。我很高兴，马上请了假，买了火车票，坐了整整一天一夜的车去看她。

见面的那一刻，我们都哭了。那么多年没见，她一点也没变，还是那样爱笑，说话还是那样温柔。我们聊了整整一夜，好像要把这些年没说的话都说完。

婚礼结束以后，我回到了自己的城市，继续过着忙碌的生活。我们依然写信，只是信里的内容慢慢变成了孩子、家庭和工作上的琐事。

时间一年一年地过去，我们都老了。有一天，我收到一个包裹，里面装着厚厚的一沓信，全都是我这些年写给她的。附带的纸条上写着：替我好好保存。

我这才知道，她已经离开了这个世界。我把那些信一封一封地读完，好像又回到了我们年轻的时候，回到了那个夏天，回到了那个我们第一次相遇的地方。

从那以后，我常常想，人和人之间的缘分真是奇妙。有些人，你和她在一起很久，却始终走不进彼此的心里；有些人，你们只是短暂地相遇，却可以陪伴彼此一辈子。

我把那些信和她写给我的信放在一起，装进一个木盒子里，放在床头。每当夜深人静的时候，我就会拿出来读一读，仿佛她还在我的身边，还在和我说话。

现在的年轻人大概很难理解这种感情了。他们有手机、有网络，想说什么随时都可以说，想见谁随时都可以见。可是，那种等待一封信的心情，那种拆开信封时的激动，是任何东西都替代不了的。

有时候我会想，如果当初我们没有写信，而是像现在的人一样每天聊天，我们的友谊会不会更长久？可是，我又觉得，正是因为那些等待，那些思念，才让我们的感情变得更加珍贵。

写信是一件很慢的事情。你需要坐下来，安静地想一想要说什么，然后一个字一个字地写下来。写完以后，还要找信封、贴邮票、跑到邮局寄出去。可是，正是这种慢，让每一句话都变得有分量。

我记得有一次，她在信里告诉我，她养了一只小猫，每天晚上都会跳到她的床上睡觉。她说那只猫很调皮，常常把她的毛线球弄得满地都是。我读着读着就笑了，好像能看见那只猫就在眼前。

还有一次，她在信里写到她生病了，住了很长时间的医院。她说医院的窗外有一棵很大的树，每天早上都会有小鸟在树上唱歌。她说那是她每天最期待的时刻。

我给她回信，告诉她要好好养病，等她好了，我们一起去看海。她回信说好，可是后来我们谁也没有去成。生活总是有那么多的事情，让人身不由己。

如今，我已经很少写信了，偶尔提起笔来，却发现不知道该写给谁。那些曾经和我通信的朋友，有的已经失去了联系，有的已经不在人世了。

可是我还是会把那些信保存好，因为它们是我生命中最珍贵的东西。每一封信都记录着一段时光，一份感情，一个再也回不去的过去。

有人说，人这一辈子，能遇到一个真正懂你的人，是一件很幸运的事。我想，我是幸运的，因为我遇到了她。

虽然我们相隔千里，虽然我们见面的次数屈指可数，可是我知道，在这个世界的某个角落，有一个人在想着我，惦记着我。这种感觉，真好。

后来，我把这个故事讲给我的孙女听。她听完以后问我：奶奶，你们为什么不打电话呢？我笑了笑，没有回答。有些东西，是需要时间才能明白的。

我相信，总有一天，她也会明白。明白等待的意义，明白思念的滋味，明白一封信里藏着多少说不出口的话。

在那些没有手机的日子里，我们用文字传递着彼此的温度。那些字迹，有的工整，有的潦草，可是每一笔每一画，都饱含着真挚的感情。

她的字写得很漂亮，一笔一画都很用心。她说，字如其人，写字的时候一定要认真。我一直记着这句话，后来写字的时候也变得认真起来。

我们曾经约定，等我们都老了，要找一个安静的小镇，住在一起，每天喝茶、聊天、晒太阳。可惜，这个约定再也无法实现了。

有时候，我会一个人走到邮局门口，看着那个绿色的邮筒发呆。我想，如果可以的话，我真想再给她写一封信，告诉她，我很想她。

日子还在继续，我也在慢慢变老。可是那些信，那些回忆，永远不会老去。它们会一直陪着我，直到我生命的最后一刻。

如果有来生，我希望我们还能相遇。还能在那个夏天，在那个夏令营里，第一次见面，第一次说话，第一次约定要给对方写信。

我想，那一定会是一个很美的故事。就像我们这一生一样，平凡，却温暖。

朋友，你还好吗？在另一个世界里，你还会写信吗？如果你写了，请一定要寄给我。我会一直等着，就像我们年轻的时候那样。

写到这里，窗外的天已经黑了。我放下笔，把这封没有地址的信轻轻折好，放进那个木盒子里，和其他的信放在一起。

晚安，我亲爱的朋友。愿你在那边一切都好。

在很久以前，两个人通过书信往来，诉说着彼此生活里发生的事。一封信从写下到寄出，再到对方收到，往往需要很长的时间，可是大家依然乐此不疲。

我有一个很要好的朋友，她住在离我很远的城市。我们认识是在一次偶然的机会里，那时候我们都还是学生，一起参加了一个夏令营。

夏令营结束以后，我们约定要经常写信。刚开始的时候，我们每个星期都会写一封信，把学校里发生的事情、读过的书、看过的电影统统写进去。

后来，我们都毕业了，各自有了工作，写信的频率慢慢降低了，可是每年过年的时候，我们一定会给对方寄一张贺卡，写上几句祝福的话。

有一年冬天，我收到她的信，信里说她要结婚了，希望我能去参加她的婚礼。我很高兴，马上请了假，买了火车票，坐了整整一天一夜的车去看她。

见面的那一刻，我们都哭了。那么多年没见，她一点也没变，还是那样爱笑，说话还是那样温柔。我们聊了整整一夜，好像要把这些年没说的话都说完。

婚礼结束以后，我回到了自己的城市，继续过着忙碌的生活。我们依然写信，只是信里的内容慢慢变成了孩子、家庭和工作上的琐事。

时间一年一年地过去，我们都老了。有一天，我收到一个包裹，里面装着厚厚的一沓信，全都是我这些年写给她的。附带的纸条上写着：替我好好保存。

我这才知道，她已经离开了这个世界。我把那些信一封一封地读完，好像又回到了我们年轻的时候，回到了那个夏天，回到了那个我们第一次相遇的地方。

从那以后，我常常想，人和人之间的缘分真是奇妙。有些人，你和她在一起很久，却始终走不进彼此的心里；有些人，你们只是短暂地相遇，却可以陪伴彼此一辈子。

我把那些信和她写给我的信放在一起，装进一个木盒子里，放在床头。每当夜深人静的时候，我就会拿出来读一读，仿佛她还在我的身边，还在和我说话。

现在的年轻人大概很难理解这种感情了。他们有手机、有网络，想说什么随时都可以说，想见谁随时都可以见。可是，那种等待一封信的心情，那种拆开信封时的激动，是任何东西都替代不了的。

有时候我会想，如果当初我们没有写信，而是像现在的人一样每天聊天，我们的友谊会不会更长久？可是，我又觉得，正是因为那些等待，那些思念，才让我们的感情变得更加珍贵。

写信是一件很慢的事情。你需要坐下来，安静地想一想要说什么，然后一个字一个字地写下来。写完以后，还要找信封、贴邮票、跑到邮局寄出去。可是，正是这种慢，让每一句话都变得有分量。

我记得有一次，她在信里告诉我，她养了一只小猫，每天晚上都会跳到她的床上睡觉。她说那只猫很调皮，常常把她的毛线球弄得满地都是。我读着读着就笑了，好像能看见那只猫就在眼前。

还有一次，她在信里写到她生病了，住了很长时间的医院。她说医院的窗外有一棵很大的树，每天早上都会有小鸟在树上唱歌。她说那是她每天最期待的时刻。

我给她回信，告诉她要好好养病，等她好了，我们一起去看海。她回信说好，可是后来我们谁也没有去成。生活总是有那么多的事情，让人身不由己。

如今，我已经很少写信了，偶尔提起笔来，却发现不知道该写给谁。那些曾经和我通信的朋友，有的已经失去了联系，有的已经不在人世了。

可是我还是会把那些信保存好，因为它们是我生命中最珍贵的东西。每一封信都记录着一段时光，一份感情，一个再也回不去的过去。

有人说，人这一辈子，能遇到一个真正懂你的人，是一件很幸运的事。我想，我是幸运的，因为我遇到了她。

虽然我们相隔千里，虽然我们见面的次数屈指可数，可是我知道，在这个世界的某个角落，有一个人在想着我，惦记着我。这种感觉，真好。

后来，我把这个故事讲给我的孙女听。她听完以后问我：奶奶，你们为什么不打电话呢？我笑了笑，没有回答。有些东西，是需要时间才能明白的。

我相信，总有一天，她也会明白。明白等待的意义，明白思念的滋味，明白一封信里藏着多少说不出口的话。

在那些没有手机的日子里，我们用文字传递着彼此的温度。那些字迹，有的工整，有的潦草，可是每一笔每一画，都饱含着真挚的感情。

她的字写得很漂亮，一笔一画都很用心。她说，字如其人，写字的时候一定要认真。我一直记着这句话，后来写字的时候也变得认真起来。

我们曾经约定，等我们都老了，要找一个安静的小镇，住在一起，每天喝茶、聊天、晒太阳。可惜，这个约定再也无法实现了。

有时候，我会一个人走到邮局门口，看着那个绿色的邮筒发呆。我想，如果可以的话，我真想再给她写一封信，告诉她，我很想她。

日子还在继续，我也在慢慢变老。可是那些信，那些回忆，永远不会老去。它们会一直陪着我，直到我生命的最后一刻。

如果有来生，我希望我们还能相遇。还能在那个夏天，在那个夏令营里，第一次见面，第一次说话，第一次约定要给对方写信。

我想，那一定会是一个很美的故事。就像我们这一生一样，平凡，却温暖。

朋友，你还好吗？在另一个世界里，你还会写信吗？如果你写了，请一定要寄给我。我会一直等着，就像我们年轻的时候那样。

写到这里，窗外的天已经黑了。我放下笔，把这封没有地址的信轻轻折好，放进那个木盒子里，和其他的信放在一起。

晚安，我亲爱的朋友。愿你在那边一切都好。

在很久以前，两个人通过书信往来，诉说着彼此生活里发生的事。一封信从写下到寄出，再到对方收到，往往需要很长的时间，可是大家依然乐此不疲。

我有一个很要好的朋友，她住在离我很远的城市。我们认识是在一次偶然的机会里，那时候我们都还是学生，一起参加了一个夏令营。

夏令营结束以后，我们约定要经常写信。刚开始的时候，我们每个星期都会写一封信，把学校里发生的事情、读过的书、看过的电影统统写进去。

后来，我们都毕业了，各自有了工作，写信的频率慢慢降低了，可是每年过年的时候，我们一定会给对方寄一张贺卡，写上几句祝福的话。

有一年冬天，我收到她的信，信里说她要结婚了，希望我能去参加她的婚礼。我很高兴，马上请了假，买了火车票，坐了整整一天一夜的车去看她。

见面的那一刻，我们都哭了。那么多年没见，她一点也没变，还是那样爱笑，说话还是那样温柔。我们聊了整整一夜，好像要把这些年没说的话都说完。

婚礼结束以后，我回到了自己的城市，继续过着忙碌的生活。我们依然写信，只是信里的内容慢慢变成了孩子、家庭和工作上的琐事。

时间一年一年地过去，我们都老了。有一天，我收到一个包裹，里面装着厚厚的一沓信，全都是我这些年写给她的。附带的纸条上写着：替我好好保存。

我这才知道，她已经离开了这个世界。我把那些信一封一封地读完，好像又回到了我们年轻的时候，回到了那个夏天，回到了那个我们第一次相遇的地方。

从那以后，我常常想，人和人之间的缘分真是奇妙。有些人，你和她在一起很久，却始终走不进彼此的心里；有些人，你们只是短暂地相遇，却可以陪伴彼此一辈子。

我把那些信和她写给我的信放在一起，装进一个木盒子里，放在床头。每当夜深人静的时候，我就会拿出来读一读，仿佛她还在我的身边，还在和我说话。

现在的年轻人大概很难理解这种感情了。他们有手机、有网络，想说什么随时都可以说，想见谁随时都可以见。可是，那种等待一封信的心情，那种拆开信封时的激动，是任何东西都替代不了的。

有时候我会想，如果当初我们没有写信，而是像现在的人一样每天聊天，我们的友谊会不会更长久？可是，我又觉得，正是因为那些等待，那些思念，才让我们的感情变得更加珍贵。

写信是一件很慢的事情。你需要坐下来，安静地想一想要说什么，然后一个字一个字地写下来。写完以后，还要找信封、贴邮票、跑到邮局寄出去。可是，正是这种慢，让每一句话都变得有分量。

我记得有一次，她在信里告诉我，她养了一只小猫，每天晚上都会跳到她的床上睡觉。她说那只猫很调皮，常常把她的毛线球弄得满地都是。我读着读着就笑了，好像能看见那只猫就在眼前。

还有一次，她在信里写到她生病了，住了很长时间的医院。她说医院的窗外有一棵很大的树，每天早上都会有小鸟在树上唱歌。她说那是她每天最期待的时刻。

我给她回信，告诉她要好好养病，等她好了，我们一起去看海。她回信说好，可是后来我们谁也没有去成。生活总是有那么多的事情，让人身不由己。

如今，我已经很少写信了，偶尔提起笔来，却发现不知道该写给谁。那些曾经和我通信的朋友，有的已经失去了联系，有的已经不在人世了。

可是我还是会把那些信保存好，因为它们是我生命中最珍贵的东西。每一封信都记录着一段时光，一份感情，一个再也回不去的过去。

有人说，人这一辈子，能遇到一个真正懂你的人，是一件很幸运的事。我想，我是幸运的，因为我遇到了她。

虽然我们相隔千里，虽然我们见面的次数屈指可数，可是我知道，在这个世界的某个角落，有一个人在想着我，惦记着我。这种感觉，真好。

后来，我把这个故事讲给我的孙女听。她听完以后问我：奶奶，你们为什么不打电话呢？我笑了笑，没有回答。有些东西，是需要时间才能明白的。

我相信，总有一天，她也会明白。明白等待的意义，明白思念的滋味，明白一封信里藏着多少说不出口的话。

在那些没有手机的日子里，我们用文字传递着彼此的温度。那些字迹，有的工整，有的潦草，可是每一笔每一画，都饱含着真挚的感情。

她的字写得很漂亮，一笔一画都很用心。她说，字如其人，写字的时候一定要认真。我一直记着这句话，后来写字的时候也变得认真起来。

我们曾经约定，等我们都老了，要找一个安静的小镇，住在一起，每天喝茶、聊天、晒太阳。可惜，这个约定再也无法实现了。

有时候，我会一个人走到邮局门口，看着那个绿色的邮筒发呆。我想，如果可以的话，我真想再给她写一封信，告诉她，我很想她。

日子还在继续，我也在慢慢变老。可是那些信，那些回忆，永远不会老去。它们会一直陪着我，直到我生命的最后一刻。

如果有来生，我希望我们还能相遇。还能在那个夏天，在那个夏令营里，第一次见面，第一次说话，第一次约定要给对方写信。

我想，那一定会是一个很美的故事。就像我们这一生一样，平凡，却温暖。

朋友，你还好吗？在另一个世界里，你还会写信吗？如果你写了，请一定要寄给我。我会一直等着，就像我们年轻的时候那样。

写到这里，窗外的天已经黑了。我放下笔，把这封没有地址的信轻轻折好，放进那个木盒子里，和其他的信放在一起。

晚安，我亲爱的朋友。愿你在那边一切都好。

在很久以前，两个人通过书信往来，诉说着彼此生活里发生的事。一封信从写下到寄出，再到对方收到，往往需要很长的时间，可是大家依然乐此不疲。

我有一个很要好的朋友，她住在离我很远的城市。我们认识是在一次偶然的机会里，那时候我们都还是学生，一起参加了一个夏令营。

夏令营结束以后，我们约定要经常写信。刚开始的时候，我们每个星期都会写一封信，把学校里发生的事情、读过的书、看过的电影统统写进去。

后来，我们都毕业了，各自有了工作，写信的频率慢慢降低了，可是每年过年的时候，我们一定会给对方寄一张贺卡，写上几句祝福的话。
